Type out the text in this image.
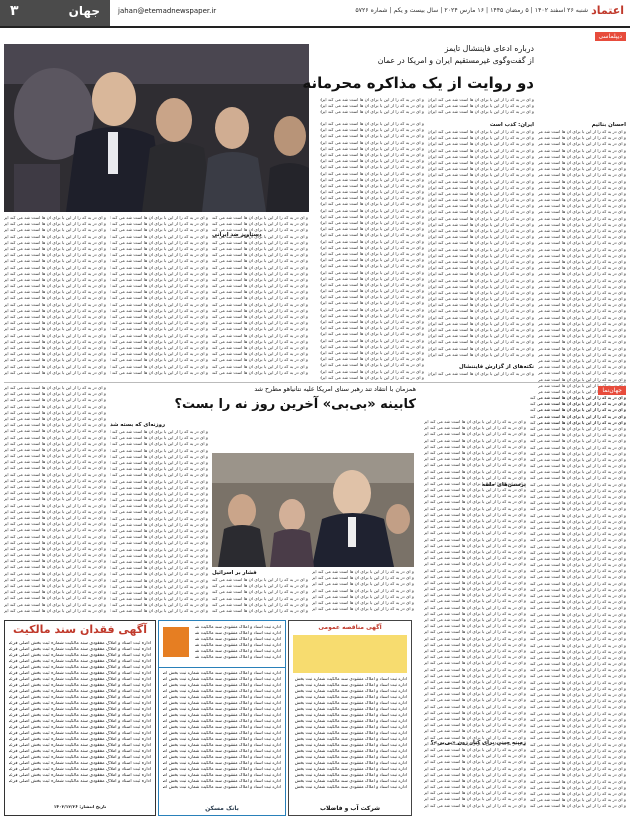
اعتماد
شنبه ۲۶ اسفند ۱۴۰۲ | ۵ رمضان ۱۴۴۵ | ۱۶ مارس ۲۰۲۴ | سال بیست و یکم | شماره ۵۷۲۶
jahan@etemadnewspaper.ir
جهان
۳
دیپلماسی
درباره ادعای فایننشال تایمز
از گفت‌وگوی غیرمستقیم ایران و امریکا در عمان
دو روایت از یک مذاکره محرمانه
احسان بنائیم
و ای در به که را از این با برای آن ها است شد می کند ایران ترامپ امریکا مذاکره دولت کشور گفت های که در به و از با این را آن است شد می کند ایران ترامپ امریکا مذاکره دولت کشور گفت های که در به و از با این را آن است شد می کند
و ای در به که را از این با برای آن ها است شد می کند ایران ترامپ امریکا مذاکره دولت کشور گفت های که در به و از با این را آن است شد می کند ایران ترامپ امریکا مذاکره دولت کشور گفت های که در به و از با این را آن است شد می کند
و ای در به که را از این با برای آن ها است شد می کند ایران ترامپ امریکا مذاکره دولت کشور گفت های که در به و از با این را آن است شد می کند ایران ترامپ امریکا مذاکره دولت کشور گفت های که در به و از با این را آن است شد می کند
و ای در به که را از این با برای آن ها است شد می کند ایران ترامپ امریکا مذاکره دولت کشور گفت های که در به و از با این را آن است شد می کند ایران ترامپ امریکا مذاکره دولت کشور گفت های که در به و از با این را آن است شد می کند
و ای در به که را از این با برای آن ها است شد می کند ایران ترامپ امریکا مذاکره دولت کشور گفت های که در به و از با این را آن است شد می کند ایران ترامپ امریکا مذاکره دولت کشور گفت های که در به و از با این را آن است شد می کند
و ای در به که را از این با برای آن ها است شد می کند ایران ترامپ امریکا مذاکره دولت کشور گفت های که در به و از با این را آن است شد می کند ایران ترامپ امریکا مذاکره دولت کشور گفت های که در به و از با این را آن است شد می کند
و ای در به که را از این با برای آن ها است شد می کند ایران ترامپ امریکا مذاکره دولت کشور گفت های که در به و از با این را آن است شد می کند ایران ترامپ امریکا مذاکره دولت کشور گفت های که در به و از با این را آن است شد می کند
و ای در به که را از این با برای آن ها است شد می کند ایران ترامپ امریکا مذاکره دولت کشور گفت های که در به و از با این را آن است شد می کند ایران ترامپ امریکا مذاکره دولت کشور گفت های که در به و از با این را آن است شد می کند
و ای در به که را از این با برای آن ها است شد می کند ایران ترامپ امریکا مذاکره دولت کشور گفت های که در به و از با این را آن است شد می کند ایران ترامپ امریکا مذاکره دولت کشور گفت های که در به و از با این را آن است شد می کند
و ای در به که را از این با برای آن ها است شد می کند ایران ترامپ امریکا مذاکره دولت کشور گفت های که در به و از با این را آن است شد می کند ایران ترامپ امریکا مذاکره دولت کشور گفت های که در به و از با این را آن است شد می کند
و ای در به که را از این با برای آن ها است شد می کند ایران ترامپ امریکا مذاکره دولت کشور گفت های که در به و از با این را آن است شد می کند ایران ترامپ امریکا مذاکره دولت کشور گفت های که در به و از با این را آن است شد می کند
و ای در به که را از این با برای آن ها است شد می کند ایران ترامپ امریکا مذاکره دولت کشور گفت های که در به و از با این را آن است شد می کند ایران ترامپ امریکا مذاکره دولت کشور گفت های که در به و از با این را آن است شد می کند
و ای در به که را از این با برای آن ها است شد می کند ایران ترامپ امریکا مذاکره دولت کشور گفت های که در به و از با این را آن است شد می کند ایران ترامپ امریکا مذاکره دولت کشور گفت های که در به و از با این را آن است شد می کند
و ای در به که را از این با برای آن ها است شد می کند ایران ترامپ امریکا مذاکره دولت کشور گفت های که در به و از با این را آن است شد می کند ایران ترامپ امریکا مذاکره دولت کشور گفت های که در به و از با این را آن است شد می کند
و ای در به که را از این با برای آن ها است شد می کند ایران ترامپ امریکا مذاکره دولت کشور گفت های که در به و از با این را آن است شد می کند ایران ترامپ امریکا مذاکره دولت کشور گفت های که در به و از با این را آن است شد می کند
و ای در به که را از این با برای آن ها است شد می کند ایران ترامپ امریکا مذاکره دولت کشور گفت های که در به و از با این را آن است شد می کند ایران ترامپ امریکا مذاکره دولت کشور گفت های که در به و از با این را آن است شد می کند
و ای در به که را از این با برای آن ها است شد می کند ایران ترامپ امریکا مذاکره دولت کشور گفت های که در به و از با این را آن است شد می کند ایران ترامپ امریکا مذاکره دولت کشور گفت های که در به و از با این را آن است شد می کند
و ای در به که را از این با برای آن ها است شد می کند ایران ترامپ امریکا مذاکره دولت کشور گفت های که در به و از با این را آن است شد می کند ایران ترامپ امریکا مذاکره دولت کشور گفت های که در به و از با این را آن است شد می کند
و ای در به که را از این با برای آن ها است شد می کند ایران ترامپ امریکا مذاکره دولت کشور گفت های که در به و از با این را آن است شد می کند ایران ترامپ امریکا مذاکره دولت کشور گفت های که در به و از با این را آن است شد می کند
و ای در به که را از این با برای آن ها است شد می کند ایران ترامپ امریکا مذاکره دولت کشور گفت های که در به و از با این را آن است شد می کند ایران ترامپ امریکا مذاکره دولت کشور گفت های که در به و از با این را آن است شد می کند
و ای در به که را از این با برای آن ها است شد می کند ایران ترامپ امریکا مذاکره دولت کشور گفت های که در به و از با این را آن است شد می کند ایران ترامپ امریکا مذاکره دولت کشور گفت های که در به و از با این را آن است شد می کند
و ای در به که را از این با برای آن ها است شد می کند ایران ترامپ امریکا مذاکره دولت کشور گفت های که در به و از با این را آن است شد می کند ایران ترامپ امریکا مذاکره دولت کشور گفت های که در به و از با این را آن است شد می کند
و ای در به که را از این با برای آن ها است شد می کند ایران ترامپ امریکا مذاکره دولت کشور گفت های که در به و از با این را آن است شد می کند ایران ترامپ امریکا مذاکره دولت کشور گفت های که در به و از با این را آن است شد می کند
و ای در به که را از این با برای آن ها است شد می کند ایران ترامپ امریکا مذاکره دولت کشور گفت های که در به و از با این را آن است شد می کند ایران ترامپ امریکا مذاکره دولت کشور گفت های که در به و از با این را آن است شد می کند
و ای در به که را از این با برای آن ها است شد می کند ایران ترامپ امریکا مذاکره دولت کشور گفت های که در به و از با این را آن است شد می کند ایران ترامپ امریکا مذاکره دولت کشور گفت های که در به و از با این را آن است شد می کند
و ای در به که را از این با برای آن ها است شد می کند ایران ترامپ امریکا مذاکره دولت کشور گفت های که در به و از با این را آن است شد می کند ایران ترامپ امریکا مذاکره دولت کشور گفت های که در به و از با این را آن است شد می کند
و ای در به که را از این با برای آن ها است شد می کند ایران ترامپ امریکا مذاکره دولت کشور گفت های که در به و از با این را آن است شد می کند ایران ترامپ امریکا مذاکره دولت کشور گفت های که در به و از با این را آن است شد می کند
و ای در به که را از این با برای آن ها است شد می کند ایران ترامپ امریکا مذاکره دولت کشور گفت های که در به و از با این را آن است شد می کند ایران ترامپ امریکا مذاکره دولت کشور گفت های که در به و از با این را آن است شد می کند
و ای در به که را از این با برای آن ها است شد می کند ایران ترامپ امریکا مذاکره دولت کشور گفت های که در به و از با این را آن است شد می کند ایران ترامپ امریکا مذاکره دولت کشور گفت های که در به و از با این را آن است شد می کند
و ای در به که را از این با برای آن ها است شد می کند ایران ترامپ امریکا مذاکره دولت کشور گفت های که در به و از با این را آن است شد می کند ایران ترامپ امریکا مذاکره دولت کشور گفت های که در به و از با این را آن است شد می کند
و ای در به که را از این با برای آن ها است شد می کند ایران ترامپ امریکا مذاکره دولت کشور گفت های که در به و از با این را آن است شد می کند ایران ترامپ امریکا مذاکره دولت کشور گفت های که در به و از با این را آن است شد می کند
و ای در به که را از این با برای آن ها است شد می کند ایران ترامپ امریکا مذاکره دولت کشور گفت های که در به و از با این را آن است شد می کند ایران ترامپ امریکا مذاکره دولت کشور گفت های که در به و از با این را آن است شد می کند
و ای در به که را از این با برای آن ها است شد می کند ایران ترامپ امریکا مذاکره دولت کشور گفت های که در به و از با این را آن است شد می کند ایران ترامپ امریکا مذاکره دولت کشور گفت های که در به و از با این را آن است شد می کند
و ای در به که را از این با برای آن ها است شد می کند ایران ترامپ امریکا مذاکره دولت کشور گفت های که در به و از با این را آن است شد می کند ایران ترامپ امریکا مذاکره دولت کشور گفت های که در به و از با این را آن است شد می کند
و ای در به که را از این با برای آن ها است شد می کند ایران ترامپ امریکا مذاکره دولت کشور گفت های که در به و از با این را آن است شد می کند ایران ترامپ امریکا مذاکره دولت کشور گفت های که در به و از با این را آن است شد می کند
و ای در به که را از این با برای آن ها است شد می کند ایران ترامپ امریکا مذاکره دولت کشور گفت های که در به و از با این را آن است شد می کند ایران ترامپ امریکا مذاکره دولت کشور گفت های که در به و از با این را آن است شد می کند
و ای در به که را از این با برای آن ها است شد می کند ایران ترامپ امریکا مذاکره دولت کشور گفت های که در به و از با این را آن است شد می کند ایران ترامپ امریکا مذاکره دولت کشور گفت های که در به و از با این را آن است شد می کند
و ای در به که را از این با برای آن ها است شد می کند ایران ترامپ امریکا مذاکره دولت کشور گفت های که در به و از با این را آن است شد می کند ایران ترامپ امریکا مذاکره دولت کشور گفت های که در به و از با این را آن است شد می کند
و ای در به که را از این با برای آن ها است شد می کند ایران ترامپ امریکا مذاکره دولت کشور گفت های که در به و از با این را آن است شد می کند ایران ترامپ امریکا مذاکره دولت کشور گفت های که در به و از با این را آن است شد می کند
و ای در به که را از این با برای آن ها است شد می کند ایران ترامپ امریکا مذاکره دولت کشور گفت های که در به و از با این را آن است شد می کند ایران ترامپ امریکا مذاکره دولت کشور گفت های که در به و از با این را آن است شد می کند
و ای در به که را از این با برای آن ها است شد می کند ایران ترامپ امریکا مذاکره دولت کشور گفت های که در به و از با این را آن است شد می کند ایران ترامپ امریکا مذاکره دولت کشور گفت های که در به و از با این را آن است شد می کند
و ای در به که را از این با برای آن ها است شد می کند ایران ترامپ امریکا مذاکره دولت کشور گفت های که در به و از با این را آن است شد می کند ایران ترامپ امریکا مذاکره دولت کشور گفت های که در به و از با این را آن است شد می کند
و ای در به که را از این با برای آن ها است شد می کند ایران ترامپ امریکا مذاکره دولت کشور گفت های که در به و از با این را آن است شد می کند ایران ترامپ امریکا مذاکره دولت کشور گفت های که در به و از با این را آن است شد می کند
و ای در به که را از این با برای آن ها است شد می کند ایران ترامپ امریکا مذاکره دولت کشور گفت های که در به و از با این را آن است شد می کند ایران ترامپ امریکا مذاکره دولت کشور گفت های که در به و از با این را آن است شد می کند
و ای در به که را از این با برای آن ها است شد می کند ایران ترامپ امریکا مذاکره دولت کشور گفت های که در به و از با این را آن است شد می کند ایران ترامپ امریکا مذاکره دولت کشور گفت های که در به و از با این را آن است شد می کند
و ای در به که را از این با برای آن ها است شد می کند ایران ترامپ امریکا مذاکره دولت کشور گفت های که در به و از با این را آن است شد می کند ایران ترامپ امریکا مذاکره دولت کشور گفت های که در به و از با این را آن است شد می کند
و ای در به که را از این با برای آن ها است شد می کند ایران ترامپ امریکا مذاکره دولت کشور گفت های که در به و از با این را آن است شد می کند ایران ترامپ امریکا مذاکره دولت کشور گفت های که در به و از با این را آن است شد می کند
و ای در به که را از این با برای آن ها است شد می کند ایران ترامپ امریکا مذاکره دولت کشور گفت های که در به و از با این را آن است شد می کند ایران ترامپ امریکا مذاکره دولت کشور گفت های که در به و از با این را آن است شد می کند
و ای در به که را از این با برای آن ها است شد می کند ایران ترامپ امریکا مذاکره دولت کشور گفت های که در به و از با این را آن است شد می کند ایران ترامپ امریکا مذاکره دولت کشور گفت های که در به و از با این را آن است شد می کند
و ای در به که را از این با برای آن ها است شد می کند ایران ترامپ امریکا مذاکره دولت کشور گفت های که در به و از با این را آن است شد می کند ایران ترامپ امریکا مذاکره دولت کشور گفت های که در به و از با این را آن است شد می کند
و ای در به که را از این با برای آن ها است شد می کند ایران ترامپ امریکا مذاکره دولت کشور گفت های که در به و از با این را آن است شد می کند ایران ترامپ امریکا مذاکره دولت کشور گفت های که در به و از با این را آن است شد می کند
ایران: کذب است
و ای در به که را از این با برای آن ها است شد می کند ایران ترامپ امریکا مذاکره دولت کشور گفت های که در به و از با این را آن است شد می کند ایران ترامپ امریکا مذاکره دولت کشور گفت های که در به و از با این را آن است شد می کند
و ای در به که را از این با برای آن ها است شد می کند ایران ترامپ امریکا مذاکره دولت کشور گفت های که در به و از با این را آن است شد می کند ایران ترامپ امریکا مذاکره دولت کشور گفت های که در به و از با این را آن است شد می کند
و ای در به که را از این با برای آن ها است شد می کند ایران ترامپ امریکا مذاکره دولت کشور گفت های که در به و از با این را آن است شد می کند ایران ترامپ امریکا مذاکره دولت کشور گفت های که در به و از با این را آن است شد می کند
و ای در به که را از این با برای آن ها است شد می کند ایران ترامپ امریکا مذاکره دولت کشور گفت های که در به و از با این را آن است شد می کند ایران ترامپ امریکا مذاکره دولت کشور گفت های که در به و از با این را آن است شد می کند
و ای در به که را از این با برای آن ها است شد می کند ایران ترامپ امریکا مذاکره دولت کشور گفت های که در به و از با این را آن است شد می کند ایران ترامپ امریکا مذاکره دولت کشور گفت های که در به و از با این را آن است شد می کند
و ای در به که را از این با برای آن ها است شد می کند ایران ترامپ امریکا مذاکره دولت کشور گفت های که در به و از با این را آن است شد می کند ایران ترامپ امریکا مذاکره دولت کشور گفت های که در به و از با این را آن است شد می کند
و ای در به که را از این با برای آن ها است شد می کند ایران ترامپ امریکا مذاکره دولت کشور گفت های که در به و از با این را آن است شد می کند ایران ترامپ امریکا مذاکره دولت کشور گفت های که در به و از با این را آن است شد می کند
و ای در به که را از این با برای آن ها است شد می کند ایران ترامپ امریکا مذاکره دولت کشور گفت های که در به و از با این را آن است شد می کند ایران ترامپ امریکا مذاکره دولت کشور گفت های که در به و از با این را آن است شد می کند
و ای در به که را از این با برای آن ها است شد می کند ایران ترامپ امریکا مذاکره دولت کشور گفت های که در به و از با این را آن است شد می کند ایران ترامپ امریکا مذاکره دولت کشور گفت های که در به و از با این را آن است شد می کند
و ای در به که را از این با برای آن ها است شد می کند ایران ترامپ امریکا مذاکره دولت کشور گفت های که در به و از با این را آن است شد می کند ایران ترامپ امریکا مذاکره دولت کشور گفت های که در به و از با این را آن است شد می کند
و ای در به که را از این با برای آن ها است شد می کند ایران ترامپ امریکا مذاکره دولت کشور گفت های که در به و از با این را آن است شد می کند ایران ترامپ امریکا مذاکره دولت کشور گفت های که در به و از با این را آن است شد می کند
و ای در به که را از این با برای آن ها است شد می کند ایران ترامپ امریکا مذاکره دولت کشور گفت های که در به و از با این را آن است شد می کند ایران ترامپ امریکا مذاکره دولت کشور گفت های که در به و از با این را آن است شد می کند
و ای در به که را از این با برای آن ها است شد می کند ایران ترامپ امریکا مذاکره دولت کشور گفت های که در به و از با این را آن است شد می کند ایران ترامپ امریکا مذاکره دولت کشور گفت های که در به و از با این را آن است شد می کند
و ای در به که را از این با برای آن ها است شد می کند ایران ترامپ امریکا مذاکره دولت کشور گفت های که در به و از با این را آن است شد می کند ایران ترامپ امریکا مذاکره دولت کشور گفت های که در به و از با این را آن است شد می کند
و ای در به که را از این با برای آن ها است شد می کند ایران ترامپ امریکا مذاکره دولت کشور گفت های که در به و از با این را آن است شد می کند ایران ترامپ امریکا مذاکره دولت کشور گفت های که در به و از با این را آن است شد می کند
و ای در به که را از این با برای آن ها است شد می کند ایران ترامپ امریکا مذاکره دولت کشور گفت های که در به و از با این را آن است شد می کند ایران ترامپ امریکا مذاکره دولت کشور گفت های که در به و از با این را آن است شد می کند
و ای در به که را از این با برای آن ها است شد می کند ایران ترامپ امریکا مذاکره دولت کشور گفت های که در به و از با این را آن است شد می کند ایران ترامپ امریکا مذاکره دولت کشور گفت های که در به و از با این را آن است شد می کند
و ای در به که را از این با برای آن ها است شد می کند ایران ترامپ امریکا مذاکره دولت کشور گفت های که در به و از با این را آن است شد می کند ایران ترامپ امریکا مذاکره دولت کشور گفت های که در به و از با این را آن است شد می کند
و ای در به که را از این با برای آن ها است شد می کند ایران ترامپ امریکا مذاکره دولت کشور گفت های که در به و از با این را آن است شد می کند ایران ترامپ امریکا مذاکره دولت کشور گفت های که در به و از با این را آن است شد می کند
و ای در به که را از این با برای آن ها است شد می کند ایران ترامپ امریکا مذاکره دولت کشور گفت های که در به و از با این را آن است شد می کند ایران ترامپ امریکا مذاکره دولت کشور گفت های که در به و از با این را آن است شد می کند
و ای در به که را از این با برای آن ها است شد می کند ایران ترامپ امریکا مذاکره دولت کشور گفت های که در به و از با این را آن است شد می کند ایران ترامپ امریکا مذاکره دولت کشور گفت های که در به و از با این را آن است شد می کند
و ای در به که را از این با برای آن ها است شد می کند ایران ترامپ امریکا مذاکره دولت کشور گفت های که در به و از با این را آن است شد می کند ایران ترامپ امریکا مذاکره دولت کشور گفت های که در به و از با این را آن است شد می کند
و ای در به که را از این با برای آن ها است شد می کند ایران ترامپ امریکا مذاکره دولت کشور گفت های که در به و از با این را آن است شد می کند ایران ترامپ امریکا مذاکره دولت کشور گفت های که در به و از با این را آن است شد می کند
و ای در به که را از این با برای آن ها است شد می کند ایران ترامپ امریکا مذاکره دولت کشور گفت های که در به و از با این را آن است شد می کند ایران ترامپ امریکا مذاکره دولت کشور گفت های که در به و از با این را آن است شد می کند
و ای در به که را از این با برای آن ها است شد می کند ایران ترامپ امریکا مذاکره دولت کشور گفت های که در به و از با این را آن است شد می کند ایران ترامپ امریکا مذاکره دولت کشور گفت های که در به و از با این را آن است شد می کند
و ای در به که را از این با برای آن ها است شد می کند ایران ترامپ امریکا مذاکره دولت کشور گفت های که در به و از با این را آن است شد می کند ایران ترامپ امریکا مذاکره دولت کشور گفت های که در به و از با این را آن است شد می کند
و ای در به که را از این با برای آن ها است شد می کند ایران ترامپ امریکا مذاکره دولت کشور گفت های که در به و از با این را آن است شد می کند ایران ترامپ امریکا مذاکره دولت کشور گفت های که در به و از با این را آن است شد می کند
و ای در به که را از این با برای آن ها است شد می کند ایران ترامپ امریکا مذاکره دولت کشور گفت های که در به و از با این را آن است شد می کند ایران ترامپ امریکا مذاکره دولت کشور گفت های که در به و از با این را آن است شد می کند
و ای در به که را از این با برای آن ها است شد می کند ایران ترامپ امریکا مذاکره دولت کشور گفت های که در به و از با این را آن است شد می کند ایران ترامپ امریکا مذاکره دولت کشور گفت های که در به و از با این را آن است شد می کند
و ای در به که را از این با برای آن ها است شد می کند ایران ترامپ امریکا مذاکره دولت کشور گفت های که در به و از با این را آن است شد می کند ایران ترامپ امریکا مذاکره دولت کشور گفت های که در به و از با این را آن است شد می کند
و ای در به که را از این با برای آن ها است شد می کند ایران ترامپ امریکا مذاکره دولت کشور گفت های که در به و از با این را آن است شد می کند ایران ترامپ امریکا مذاکره دولت کشور گفت های که در به و از با این را آن است شد می کند
و ای در به که را از این با برای آن ها است شد می کند ایران ترامپ امریکا مذاکره دولت کشور گفت های که در به و از با این را آن است شد می کند ایران ترامپ امریکا مذاکره دولت کشور گفت های که در به و از با این را آن است شد می کند
و ای در به که را از این با برای آن ها است شد می کند ایران ترامپ امریکا مذاکره دولت کشور گفت های که در به و از با این را آن است شد می کند ایران ترامپ امریکا مذاکره دولت کشور گفت های که در به و از با این را آن است شد می کند
و ای در به که را از این با برای آن ها است شد می کند ایران ترامپ امریکا مذاکره دولت کشور گفت های که در به و از با این را آن است شد می کند ایران ترامپ امریکا مذاکره دولت کشور گفت های که در به و از با این را آن است شد می کند
و ای در به که را از این با برای آن ها است شد می کند ایران ترامپ امریکا مذاکره دولت کشور گفت های که در به و از با این را آن است شد می کند ایران ترامپ امریکا مذاکره دولت کشور گفت های که در به و از با این را آن است شد می کند
و ای در به که را از این با برای آن ها است شد می کند ایران ترامپ امریکا مذاکره دولت کشور گفت های که در به و از با این را آن است شد می کند ایران ترامپ امریکا مذاکره دولت کشور گفت های که در به و از با این را آن است شد می کند
و ای در به که را از این با برای آن ها است شد می کند ایران ترامپ امریکا مذاکره دولت کشور گفت های که در به و از با این را آن است شد می کند ایران ترامپ امریکا مذاکره دولت کشور گفت های که در به و از با این را آن است شد می کند
نکته‌های از گزارش فایننشال
و ای در به که را از این با برای آن ها است شد می کند ایران ترامپ امریکا مذاکره دولت کشور گفت های که در به و از با این را آن است شد می کند ایران ترامپ امریکا مذاکره دولت کشور گفت های که در به و از با این را آن است شد می کند
و ای در به که را از این با برای آن ها است شد می کند ایران ترامپ امریکا مذاکره دولت کشور گفت های که در به و از با این را آن است شد می کند ایران ترامپ امریکا مذاکره دولت کشور گفت های که در به و از با این را آن است شد می کند
و ای در به که را از این با برای آن ها است شد می کند ایران ترامپ امریکا مذاکره دولت کشور گفت های که در به و از با این را آن است شد می کند ایران ترامپ امریکا مذاکره دولت کشور گفت های که در به و از با این را آن است شد می کند
و ای در به که را از این با برای آن ها است شد می کند ایران ترامپ امریکا مذاکره دولت کشور گفت های که در به و از با این را آن است شد می کند ایران ترامپ امریکا مذاکره دولت کشور گفت های که در به و از با این را آن است شد می کند
و ای در به که را از این با برای آن ها است شد می کند ایران ترامپ امریکا مذاکره دولت کشور گفت های که در به و از با این را آن است شد می کند ایران ترامپ امریکا مذاکره دولت کشور گفت های که در به و از با این را آن است شد می کند
و ای در به که را از این با برای آن ها است شد می کند ایران ترامپ امریکا مذاکره دولت کشور گفت های که در به و از با این را آن است شد می کند ایران ترامپ امریکا مذاکره دولت کشور گفت های که در به و از با این را آن است شد می کند
و ای در به که را از این با برای آن ها است شد می کند ایران ترامپ امریکا مذاکره دولت کشور گفت های که در به و از با این را آن است شد می کند ایران ترامپ امریکا مذاکره دولت کشور گفت های که در به و از با این را آن است شد می کند
و ای در به که را از این با برای آن ها است شد می کند ایران ترامپ امریکا مذاکره دولت کشور گفت های که در به و از با این را آن است شد می کند ایران ترامپ امریکا مذاکره دولت کشور گفت های که در به و از با این را آن است شد می کند
و ای در به که را از این با برای آن ها است شد می کند ایران ترامپ امریکا مذاکره دولت کشور گفت های که در به و از با این را آن است شد می کند ایران ترامپ امریکا مذاکره دولت کشور گفت های که در به و از با این را آن است شد می کند
و ای در به که را از این با برای آن ها است شد می کند ایران ترامپ امریکا مذاکره دولت کشور گفت های که در به و از با این را آن است شد می کند ایران ترامپ امریکا مذاکره دولت کشور گفت های که در به و از با این را آن است شد می کند
و ای در به که را از این با برای آن ها است شد می کند ایران ترامپ امریکا مذاکره دولت کشور گفت های که در به و از با این را آن است شد می کند ایران ترامپ امریکا مذاکره دولت کشور گفت های که در به و از با این را آن است شد می کند
و ای در به که را از این با برای آن ها است شد می کند ایران ترامپ امریکا مذاکره دولت کشور گفت های که در به و از با این را آن است شد می کند ایران ترامپ امریکا مذاکره دولت کشور گفت های که در به و از با این را آن است شد می کند
و ای در به که را از این با برای آن ها است شد می کند ایران ترامپ امریکا مذاکره دولت کشور گفت های که در به و از با این را آن است شد می کند ایران ترامپ امریکا مذاکره دولت کشور گفت های که در به و از با این را آن است شد می کند
و ای در به که را از این با برای آن ها است شد می کند ایران ترامپ امریکا مذاکره دولت کشور گفت های که در به و از با این را آن است شد می کند ایران ترامپ امریکا مذاکره دولت کشور گفت های که در به و از با این را آن است شد می کند
و ای در به که را از این با برای آن ها است شد می کند ایران ترامپ امریکا مذاکره دولت کشور گفت های که در به و از با این را آن است شد می کند ایران ترامپ امریکا مذاکره دولت کشور گفت های که در به و از با این را آن است شد می کند
و ای در به که را از این با برای آن ها است شد می کند ایران ترامپ امریکا مذاکره دولت کشور گفت های که در به و از با این را آن است شد می کند ایران ترامپ امریکا مذاکره دولت کشور گفت های که در به و از با این را آن است شد می کند
و ای در به که را از این با برای آن ها است شد می کند ایران ترامپ امریکا مذاکره دولت کشور گفت های که در به و از با این را آن است شد می کند ایران ترامپ امریکا مذاکره دولت کشور گفت های که در به و از با این را آن است شد می کند
و ای در به که را از این با برای آن ها است شد می کند ایران ترامپ امریکا مذاکره دولت کشور گفت های که در به و از با این را آن است شد می کند ایران ترامپ امریکا مذاکره دولت کشور گفت های که در به و از با این را آن است شد می کند
و ای در به که را از این با برای آن ها است شد می کند ایران ترامپ امریکا مذاکره دولت کشور گفت های که در به و از با این را آن است شد می کند ایران ترامپ امریکا مذاکره دولت کشور گفت های که در به و از با این را آن است شد می کند
و ای در به که را از این با برای آن ها است شد می کند ایران ترامپ امریکا مذاکره دولت کشور گفت های که در به و از با این را آن است شد می کند ایران ترامپ امریکا مذاکره دولت کشور گفت های که در به و از با این را آن است شد می کند
و ای در به که را از این با برای آن ها است شد می کند ایران ترامپ امریکا مذاکره دولت کشور گفت های که در به و از با این را آن است شد می کند ایران ترامپ امریکا مذاکره دولت کشور گفت های که در به و از با این را آن است شد می کند
و ای در به که را از این با برای آن ها است شد می کند ایران ترامپ امریکا مذاکره دولت کشور گفت های که در به و از با این را آن است شد می کند ایران ترامپ امریکا مذاکره دولت کشور گفت های که در به و از با این را آن است شد می کند
و ای در به که را از این با برای آن ها است شد می کند ایران ترامپ امریکا مذاکره دولت کشور گفت های که در به و از با این را آن است شد می کند ایران ترامپ امریکا مذاکره دولت کشور گفت های که در به و از با این را آن است شد می کند
و ای در به که را از این با برای آن ها است شد می کند ایران ترامپ امریکا مذاکره دولت کشور گفت های که در به و از با این را آن است شد می کند ایران ترامپ امریکا مذاکره دولت کشور گفت های که در به و از با این را آن است شد می کند
و ای در به که را از این با برای آن ها است شد می کند ایران ترامپ امریکا مذاکره دولت کشور گفت های که در به و از با این را آن است شد می کند ایران ترامپ امریکا مذاکره دولت کشور گفت های که در به و از با این را آن است شد می کند
و ای در به که را از این با برای آن ها است شد می کند ایران ترامپ امریکا مذاکره دولت کشور گفت های که در به و از با این را آن است شد می کند ایران ترامپ امریکا مذاکره دولت کشور گفت های که در به و از با این را آن است شد می کند
و ای در به که را از این با برای آن ها است شد می کند ایران ترامپ امریکا مذاکره دولت کشور گفت های که در به و از با این را آن است شد می کند ایران ترامپ امریکا مذاکره دولت کشور گفت های که در به و از با این را آن است شد می کند
و ای در به که را از این با برای آن ها است شد می کند ایران ترامپ امریکا مذاکره دولت کشور گفت های که در به و از با این را آن است شد می کند ایران ترامپ امریکا مذاکره دولت کشور گفت های که در به و از با این را آن است شد می کند
و ای در به که را از این با برای آن ها است شد می کند ایران ترامپ امریکا مذاکره دولت کشور گفت های که در به و از با این را آن است شد می کند ایران ترامپ امریکا مذاکره دولت کشور گفت های که در به و از با این را آن است شد می کند
و ای در به که را از این با برای آن ها است شد می کند ایران ترامپ امریکا مذاکره دولت کشور گفت های که در به و از با این را آن است شد می کند ایران ترامپ امریکا مذاکره دولت کشور گفت های که در به و از با این را آن است شد می کند
و ای در به که را از این با برای آن ها است شد می کند ایران ترامپ امریکا مذاکره دولت کشور گفت های که در به و از با این را آن است شد می کند ایران ترامپ امریکا مذاکره دولت کشور گفت های که در به و از با این را آن است شد می کند
و ای در به که را از این با برای آن ها است شد می کند ایران ترامپ امریکا مذاکره دولت کشور گفت های که در به و از با این را آن است شد می کند ایران ترامپ امریکا مذاکره دولت کشور گفت های که در به و از با این را آن است شد می کند
و ای در به که را از این با برای آن ها است شد می کند ایران ترامپ امریکا مذاکره دولت کشور گفت های که در به و از با این را آن است شد می کند ایران ترامپ امریکا مذاکره دولت کشور گفت های که در به و از با این را آن است شد می کند
و ای در به که را از این با برای آن ها است شد می کند ایران ترامپ امریکا مذاکره دولت کشور گفت های که در به و از با این را آن است شد می کند ایران ترامپ امریکا مذاکره دولت کشور گفت های که در به و از با این را آن است شد می کند
و ای در به که را از این با برای آن ها است شد می کند ایران ترامپ امریکا مذاکره دولت کشور گفت های که در به و از با این را آن است شد می کند ایران ترامپ امریکا مذاکره دولت کشور گفت های که در به و از با این را آن است شد می کند
و ای در به که را از این با برای آن ها است شد می کند ایران ترامپ امریکا مذاکره دولت کشور گفت های که در به و از با این را آن است شد می کند ایران ترامپ امریکا مذاکره دولت کشور گفت های که در به و از با این را آن است شد می کند
و ای در به که را از این با برای آن ها است شد می کند ایران ترامپ امریکا مذاکره دولت کشور گفت های که در به و از با این را آن است شد می کند ایران ترامپ امریکا مذاکره دولت کشور گفت های که در به و از با این را آن است شد می کند
و ای در به که را از این با برای آن ها است شد می کند ایران ترامپ امریکا مذاکره دولت کشور گفت های که در به و از با این را آن است شد می کند ایران ترامپ امریکا مذاکره دولت کشور گفت های که در به و از با این را آن است شد می کند
و ای در به که را از این با برای آن ها است شد می کند ایران ترامپ امریکا مذاکره دولت کشور گفت های که در به و از با این را آن است شد می کند ایران ترامپ امریکا مذاکره دولت کشور گفت های که در به و از با این را آن است شد می کند
و ای در به که را از این با برای آن ها است شد می کند ایران ترامپ امریکا مذاکره دولت کشور گفت های که در به و از با این را آن است شد می کند ایران ترامپ امریکا مذاکره دولت کشور گفت های که در به و از با این را آن است شد می کند
و ای در به که را از این با برای آن ها است شد می کند ایران ترامپ امریکا مذاکره دولت کشور گفت های که در به و از با این را آن است شد می کند ایران ترامپ امریکا مذاکره دولت کشور گفت های که در به و از با این را آن است شد می کند
و ای در به که را از این با برای آن ها است شد می کند ایران ترامپ امریکا مذاکره دولت کشور گفت های که در به و از با این را آن است شد می کند ایران ترامپ امریکا مذاکره دولت کشور گفت های که در به و از با این را آن است شد می کند
و ای در به که را از این با برای آن ها است شد می کند ایران ترامپ امریکا مذاکره دولت کشور گفت های که در به و از با این را آن است شد می کند ایران ترامپ امریکا مذاکره دولت کشور گفت های که در به و از با این را آن است شد می کند
و ای در به که را از این با برای آن ها است شد می کند ایران ترامپ امریکا مذاکره دولت کشور گفت های که در به و از با این را آن است شد می کند ایران ترامپ امریکا مذاکره دولت کشور گفت های که در به و از با این را آن است شد می کند
و ای در به که را از این با برای آن ها است شد می کند ایران ترامپ امریکا مذاکره دولت کشور گفت های که در به و از با این را آن است شد می کند ایران ترامپ امریکا مذاکره دولت کشور گفت های که در به و از با این را آن است شد می کند
و ای در به که را از این با برای آن ها است شد می کند ایران ترامپ امریکا مذاکره دولت کشور گفت های که در به و از با این را آن است شد می کند ایران ترامپ امریکا مذاکره دولت کشور گفت های که در به و از با این را آن است شد می کند
و ای در به که را از این با برای آن ها است شد می کند ایران ترامپ امریکا مذاکره دولت کشور گفت های که در به و از با این را آن است شد می کند ایران ترامپ امریکا مذاکره دولت کشور گفت های که در به و از با این را آن است شد می کند
و ای در به که را از این با برای آن ها است شد می کند ایران ترامپ امریکا مذاکره دولت کشور گفت های که در به و از با این را آن است شد می کند ایران ترامپ امریکا مذاکره دولت کشور گفت های که در به و از با این را آن است شد می کند
و ای در به که را از این با برای آن ها است شد می کند ایران ترامپ امریکا مذاکره دولت کشور گفت های که در به و از با این را آن است شد می کند ایران ترامپ امریکا مذاکره دولت کشور گفت های که در به و از با این را آن است شد می کند
و ای در به که را از این با برای آن ها است شد می کند ایران ترامپ امریکا مذاکره دولت کشور گفت های که در به و از با این را آن است شد می کند ایران ترامپ امریکا مذاکره دولت کشور گفت های که در به و از با این را آن است شد می کند
و ای در به که را از این با برای آن ها است شد می کند ایران ترامپ امریکا مذاکره دولت کشور گفت های که در به و از با این را آن است شد می کند ایران ترامپ امریکا مذاکره دولت کشور گفت های که در به و از با این را آن است شد می کند
و ای در به که را از این با برای آن ها است شد می کند ایران ترامپ امریکا مذاکره دولت کشور گفت های که در به و از با این را آن است شد می کند ایران ترامپ امریکا مذاکره دولت کشور گفت های که در به و از با این را آن است شد می کند
و ای در به که را از این با برای آن ها است شد می کند ایران ترامپ امریکا مذاکره دولت کشور گفت های که در به و از با این را آن است شد می کند ایران ترامپ امریکا مذاکره دولت کشور گفت های که در به و از با این را آن است شد می کند
و ای در به که را از این با برای آن ها است شد می کند ایران ترامپ امریکا مذاکره دولت کشور گفت های که در به و از با این را آن است شد می کند ایران ترامپ امریکا مذاکره دولت کشور گفت های که در به و از با این را آن است شد می کند
و ای در به که را از این با برای آن ها است شد می کند ایران ترامپ امریکا مذاکره دولت کشور گفت های که در به و از با این را آن است شد می کند ایران ترامپ امریکا مذاکره دولت کشور گفت های که در به و از با این را آن است شد می کند
و ای در به که را از این با برای آن ها است شد می کند ایران ترامپ امریکا مذاکره دولت کشور گفت های که در به و از با این را آن است شد می کند ایران ترامپ امریکا مذاکره دولت کشور گفت های که در به و از با این را آن است شد می کند
و ای در به که را از این با برای آن ها است شد می کند ایران ترامپ امریکا مذاکره دولت کشور گفت های که در به و از با این را آن است شد می کند ایران ترامپ امریکا مذاکره دولت کشور گفت های که در به و از با این را آن است شد می کند
و ای در به که را از این با برای آن ها است شد می کند ایران ترامپ امریکا مذاکره دولت کشور گفت های که در به و از با این را آن است شد می کند ایران ترامپ امریکا مذاکره دولت کشور گفت های که در به و از با این را آن است شد می کند
و ای در به که را از این با برای آن ها است شد می کند ایران ترامپ امریکا مذاکره دولت کشور گفت های که در به و از با این را آن است شد می کند ایران ترامپ امریکا مذاکره دولت کشور گفت های که در به و از با این را آن است شد می کند
و ای در به که را از این با برای آن ها است شد می کند ایران ترامپ امریکا مذاکره دولت کشور گفت های که در به و از با این را آن است شد می کند ایران ترامپ امریکا مذاکره دولت کشور گفت های که در به و از با این را آن است شد می کند
و ای در به که را از این با برای آن ها است شد می کند ایران ترامپ امریکا مذاکره دولت کشور گفت های که در به و از با این را آن است شد می کند ایران ترامپ امریکا مذاکره دولت کشور گفت های که در به و از با این را آن است شد می کند
و ای در به که را از این با برای آن ها است شد می کند ایران ترامپ امریکا مذاکره دولت کشور گفت های که در به و از با این را آن است شد می کند ایران ترامپ امریکا مذاکره دولت کشور گفت های که در به و از با این را آن است شد می کند
و ای در به که را از این با برای آن ها است شد می کند ایران ترامپ امریکا مذاکره دولت کشور گفت های که در به و از با این را آن است شد می کند ایران ترامپ امریکا مذاکره دولت کشور گفت های که در به و از با این را آن است شد می کند
و ای در به که را از این با برای آن ها است شد می کند ایران ترامپ امریکا مذاکره دولت کشور گفت های که در به و از با این را آن است شد می کند ایران ترامپ امریکا مذاکره دولت کشور گفت های که در به و از با این را آن است شد می کند
و ای در به که را از این با برای آن ها است شد می کند ایران ترامپ امریکا مذاکره دولت کشور گفت های که در به و از با این را آن است شد می کند ایران ترامپ امریکا مذاکره دولت کشور گفت های که در به و از با این را آن است شد می کند
و ای در به که را از این با برای آن ها است شد می کند ایران ترامپ امریکا مذاکره دولت کشور گفت های که در به و از با این را آن است شد می کند ایران ترامپ امریکا مذاکره دولت کشور گفت های که در به و از با این را آن است شد می کند
و ای در به که را از این با برای آن ها است شد می کند ایران ترامپ امریکا مذاکره دولت کشور گفت های که در به و از با این را آن است شد می کند ایران ترامپ امریکا مذاکره دولت کشور گفت های که در به و از با این را آن است شد می کند
و ای در به که را از این با برای آن ها است شد می کند ایران ترامپ امریکا مذاکره دولت کشور گفت های که در به و از با این را آن است شد می کند ایران ترامپ امریکا مذاکره دولت کشور گفت های که در به و از با این را آن است شد می کند
و ای در به که را از این با برای آن ها است شد می کند ایران ترامپ امریکا مذاکره دولت کشور گفت های که در به و از با این را آن است شد می کند ایران ترامپ امریکا مذاکره دولت کشور گفت های که در به و از با این را آن است شد می کند
و ای در به که را از این با برای آن ها است شد می کند ایران ترامپ امریکا مذاکره دولت کشور گفت های که در به و از با این را آن است شد می کند ایران ترامپ امریکا مذاکره دولت کشور گفت های که در به و از با این را آن است شد می کند
و ای در به که را از این با برای آن ها است شد می کند ایران ترامپ امریکا مذاکره دولت کشور گفت های که در به و از با این را آن است شد می کند ایران ترامپ امریکا مذاکره دولت کشور گفت های که در به و از با این را آن است شد می کند
و ای در به که را از این با برای آن ها است شد می کند ایران ترامپ امریکا مذاکره دولت کشور گفت های که در به و از با این را آن است شد می کند ایران ترامپ امریکا مذاکره دولت کشور گفت های که در به و از با این را آن است شد می کند
دستاویز ضد ایرانی
و ای در به که را از این با برای آن ها است شد می کند ایران ترامپ امریکا مذاکره دولت کشور گفت های که در به و از با این را آن است شد می کند ایران ترامپ امریکا مذاکره دولت کشور گفت های که در به و از با این را آن است شد می کند
و ای در به که را از این با برای آن ها است شد می کند ایران ترامپ امریکا مذاکره دولت کشور گفت های که در به و از با این را آن است شد می کند ایران ترامپ امریکا مذاکره دولت کشور گفت های که در به و از با این را آن است شد می کند
و ای در به که را از این با برای آن ها است شد می کند ایران ترامپ امریکا مذاکره دولت کشور گفت های که در به و از با این را آن است شد می کند ایران ترامپ امریکا مذاکره دولت کشور گفت های که در به و از با این را آن است شد می کند
و ای در به که را از این با برای آن ها است شد می کند ایران ترامپ امریکا مذاکره دولت کشور گفت های که در به و از با این را آن است شد می کند ایران ترامپ امریکا مذاکره دولت کشور گفت های که در به و از با این را آن است شد می کند
و ای در به که را از این با برای آن ها است شد می کند ایران ترامپ امریکا مذاکره دولت کشور گفت های که در به و از با این را آن است شد می کند ایران ترامپ امریکا مذاکره دولت کشور گفت های که در به و از با این را آن است شد می کند
و ای در به که را از این با برای آن ها است شد می کند ایران ترامپ امریکا مذاکره دولت کشور گفت های که در به و از با این را آن است شد می کند ایران ترامپ امریکا مذاکره دولت کشور گفت های که در به و از با این را آن است شد می کند
و ای در به که را از این با برای آن ها است شد می کند ایران ترامپ امریکا مذاکره دولت کشور گفت های که در به و از با این را آن است شد می کند ایران ترامپ امریکا مذاکره دولت کشور گفت های که در به و از با این را آن است شد می کند
و ای در به که را از این با برای آن ها است شد می کند ایران ترامپ امریکا مذاکره دولت کشور گفت های که در به و از با این را آن است شد می کند ایران ترامپ امریکا مذاکره دولت کشور گفت های که در به و از با این را آن است شد می کند
و ای در به که را از این با برای آن ها است شد می کند ایران ترامپ امریکا مذاکره دولت کشور گفت های که در به و از با این را آن است شد می کند ایران ترامپ امریکا مذاکره دولت کشور گفت های که در به و از با این را آن است شد می کند
و ای در به که را از این با برای آن ها است شد می کند ایران ترامپ امریکا مذاکره دولت کشور گفت های که در به و از با این را آن است شد می کند ایران ترامپ امریکا مذاکره دولت کشور گفت های که در به و از با این را آن است شد می کند
و ای در به که را از این با برای آن ها است شد می کند ایران ترامپ امریکا مذاکره دولت کشور گفت های که در به و از با این را آن است شد می کند ایران ترامپ امریکا مذاکره دولت کشور گفت های که در به و از با این را آن است شد می کند
و ای در به که را از این با برای آن ها است شد می کند ایران ترامپ امریکا مذاکره دولت کشور گفت های که در به و از با این را آن است شد می کند ایران ترامپ امریکا مذاکره دولت کشور گفت های که در به و از با این را آن است شد می کند
و ای در به که را از این با برای آن ها است شد می کند ایران ترامپ امریکا مذاکره دولت کشور گفت های که در به و از با این را آن است شد می کند ایران ترامپ امریکا مذاکره دولت کشور گفت های که در به و از با این را آن است شد می کند
و ای در به که را از این با برای آن ها است شد می کند ایران ترامپ امریکا مذاکره دولت کشور گفت های که در به و از با این را آن است شد می کند ایران ترامپ امریکا مذاکره دولت کشور گفت های که در به و از با این را آن است شد می کند
و ای در به که را از این با برای آن ها است شد می کند ایران ترامپ امریکا مذاکره دولت کشور گفت های که در به و از با این را آن است شد می کند ایران ترامپ امریکا مذاکره دولت کشور گفت های که در به و از با این را آن است شد می کند
و ای در به که را از این با برای آن ها است شد می کند ایران ترامپ امریکا مذاکره دولت کشور گفت های که در به و از با این را آن است شد می کند ایران ترامپ امریکا مذاکره دولت کشور گفت های که در به و از با این را آن است شد می کند
و ای در به که را از این با برای آن ها است شد می کند ایران ترامپ امریکا مذاکره دولت کشور گفت های که در به و از با این را آن است شد می کند ایران ترامپ امریکا مذاکره دولت کشور گفت های که در به و از با این را آن است شد می کند
و ای در به که را از این با برای آن ها است شد می کند ایران ترامپ امریکا مذاکره دولت کشور گفت های که در به و از با این را آن است شد می کند ایران ترامپ امریکا مذاکره دولت کشور گفت های که در به و از با این را آن است شد می کند
و ای در به که را از این با برای آن ها است شد می کند ایران ترامپ امریکا مذاکره دولت کشور گفت های که در به و از با این را آن است شد می کند ایران ترامپ امریکا مذاکره دولت کشور گفت های که در به و از با این را آن است شد می کند
و ای در به که را از این با برای آن ها است شد می کند ایران ترامپ امریکا مذاکره دولت کشور گفت های که در به و از با این را آن است شد می کند ایران ترامپ امریکا مذاکره دولت کشور گفت های که در به و از با این را آن است شد می کند
و ای در به که را از این با برای آن ها است شد می کند ایران ترامپ امریکا مذاکره دولت کشور گفت های که در به و از با این را آن است شد می کند ایران ترامپ امریکا مذاکره دولت کشور گفت های که در به و از با این را آن است شد می کند
و ای در به که را از این با برای آن ها است شد می کند ایران ترامپ امریکا مذاکره دولت کشور گفت های که در به و از با این را آن است شد می کند ایران ترامپ امریکا مذاکره دولت کشور گفت های که در به و از با این را آن است شد می کند
و ای در به که را از این با برای آن ها است شد می کند ایران ترامپ امریکا مذاکره دولت کشور گفت های که در به و از با این را آن است شد می کند ایران ترامپ امریکا مذاکره دولت کشور گفت های که در به و از با این را آن است شد می کند
و ای در به که را از این با برای آن ها است شد می کند ایران ترامپ امریکا مذاکره دولت کشور گفت های که در به و از با این را آن است شد می کند ایران ترامپ امریکا مذاکره دولت کشور گفت های که در به و از با این را آن است شد می کند
و ای در به که را از این با برای آن ها است شد می کند ایران ترامپ امریکا مذاکره دولت کشور گفت های که در به و از با این را آن است شد می کند ایران ترامپ امریکا مذاکره دولت کشور گفت های که در به و از با این را آن است شد می کند
و ای در به که را از این با برای آن ها است شد می کند ایران ترامپ امریکا مذاکره دولت کشور گفت های که در به و از با این را آن است شد می کند ایران ترامپ امریکا مذاکره دولت کشور گفت های که در به و از با این را آن است شد می کند
و ای در به که را از این با برای آن ها است شد می کند ایران ترامپ امریکا مذاکره دولت کشور گفت های که در به و از با این را آن است شد می کند ایران ترامپ امریکا مذاکره دولت کشور گفت های که در به و از با این را آن است شد می کند
و ای در به که را از این با برای آن ها است شد می کند ایران ترامپ امریکا مذاکره دولت کشور گفت های که در به و از با این را آن است شد می کند ایران ترامپ امریکا مذاکره دولت کشور گفت های که در به و از با این را آن است شد می کند
و ای در به که را از این با برای آن ها است شد می کند ایران ترامپ امریکا مذاکره دولت کشور گفت های که در به و از با این را آن است شد می کند ایران ترامپ امریکا مذاکره دولت کشور گفت های که در به و از با این را آن است شد می کند
و ای در به که را از این با برای آن ها است شد می کند ایران ترامپ امریکا مذاکره دولت کشور گفت های که در به و از با این را آن است شد می کند ایران ترامپ امریکا مذاکره دولت کشور گفت های که در به و از با این را آن است شد می کند
و ای در به که را از این با برای آن ها است شد می کند ایران ترامپ امریکا مذاکره دولت کشور گفت های که در به و از با این را آن است شد می کند ایران ترامپ امریکا مذاکره دولت کشور گفت های که در به و از با این را آن است شد می کند
و ای در به که را از این با برای آن ها است شد می کند ایران ترامپ امریکا مذاکره دولت کشور گفت های که در به و از با این را آن است شد می کند ایران ترامپ امریکا مذاکره دولت کشور گفت های که در به و از با این را آن است شد می کند
و ای در به که را از این با برای آن ها است شد می کند ایران ترامپ امریکا مذاکره دولت کشور گفت های که در به و از با این را آن است شد می کند ایران ترامپ امریکا مذاکره دولت کشور گفت های که در به و از با این را آن است شد می کند
و ای در به که را از این با برای آن ها است شد می کند ایران ترامپ امریکا مذاکره دولت کشور گفت های که در به و از با این را آن است شد می کند ایران ترامپ امریکا مذاکره دولت کشور گفت های که در به و از با این را آن است شد می کند
و ای در به که را از این با برای آن ها است شد می کند ایران ترامپ امریکا مذاکره دولت کشور گفت های که در به و از با این را آن است شد می کند ایران ترامپ امریکا مذاکره دولت کشور گفت های که در به و از با این را آن است شد می کند
و ای در به که را از این با برای آن ها است شد می کند ایران ترامپ امریکا مذاکره دولت کشور گفت های که در به و از با این را آن است شد می کند ایران ترامپ امریکا مذاکره دولت کشور گفت های که در به و از با این را آن است شد می کند
و ای در به که را از این با برای آن ها است شد می کند ایران ترامپ امریکا مذاکره دولت کشور گفت های که در به و از با این را آن است شد می کند ایران ترامپ امریکا مذاکره دولت کشور گفت های که در به و از با این را آن است شد می کند
و ای در به که را از این با برای آن ها است شد می کند ایران ترامپ امریکا مذاکره دولت کشور گفت های که در به و از با این را آن است شد می کند ایران ترامپ امریکا مذاکره دولت کشور گفت های که در به و از با این را آن است شد می کند
و ای در به که را از این با برای آن ها است شد می کند ایران ترامپ امریکا مذاکره دولت کشور گفت های که در به و از با این را آن است شد می کند ایران ترامپ امریکا مذاکره دولت کشور گفت های که در به و از با این را آن است شد می کند
و ای در به که را از این با برای آن ها است شد می کند ایران ترامپ امریکا مذاکره دولت کشور گفت های که در به و از با این را آن است شد می کند ایران ترامپ امریکا مذاکره دولت کشور گفت های که در به و از با این را آن است شد می کند
و ای در به که را از این با برای آن ها است شد می کند ایران ترامپ امریکا مذاکره دولت کشور گفت های که در به و از با این را آن است شد می کند ایران ترامپ امریکا مذاکره دولت کشور گفت های که در به و از با این را آن است شد می کند
و ای در به که را از این با برای آن ها است شد می کند ایران ترامپ امریکا مذاکره دولت کشور گفت های که در به و از با این را آن است شد می کند ایران ترامپ امریکا مذاکره دولت کشور گفت های که در به و از با این را آن است شد می کند
و ای در به که را از این با برای آن ها است شد می کند ایران ترامپ امریکا مذاکره دولت کشور گفت های که در به و از با این را آن است شد می کند ایران ترامپ امریکا مذاکره دولت کشور گفت های که در به و از با این را آن است شد می کند
و ای در به که را از این با برای آن ها است شد می کند ایران ترامپ امریکا مذاکره دولت کشور گفت های که در به و از با این را آن است شد می کند ایران ترامپ امریکا مذاکره دولت کشور گفت های که در به و از با این را آن است شد می کند
و ای در به که را از این با برای آن ها است شد می کند ایران ترامپ امریکا مذاکره دولت کشور گفت های که در به و از با این را آن است شد می کند ایران ترامپ امریکا مذاکره دولت کشور گفت های که در به و از با این را آن است شد می کند
و ای در به که را از این با برای آن ها است شد می کند ایران ترامپ امریکا مذاکره دولت کشور گفت های که در به و از با این را آن است شد می کند ایران ترامپ امریکا مذاکره دولت کشور گفت های که در به و از با این را آن است شد می کند
و ای در به که را از این با برای آن ها است شد می کند ایران ترامپ امریکا مذاکره دولت کشور گفت های که در به و از با این را آن است شد می کند ایران ترامپ امریکا مذاکره دولت کشور گفت های که در به و از با این را آن است شد می کند
و ای در به که را از این با برای آن ها است شد می کند ایران ترامپ امریکا مذاکره دولت کشور گفت های که در به و از با این را آن است شد می کند ایران ترامپ امریکا مذاکره دولت کشور گفت های که در به و از با این را آن است شد می کند
و ای در به که را از این با برای آن ها است شد می کند ایران ترامپ امریکا مذاکره دولت کشور گفت های که در به و از با این را آن است شد می کند ایران ترامپ امریکا مذاکره دولت کشور گفت های که در به و از با این را آن است شد می کند
و ای در به که را از این با برای آن ها است شد می کند ایران ترامپ امریکا مذاکره دولت کشور گفت های که در به و از با این را آن است شد می کند ایران ترامپ امریکا مذاکره دولت کشور گفت های که در به و از با این را آن است شد می کند
و ای در به که را از این با برای آن ها است شد می کند ایران ترامپ امریکا مذاکره دولت کشور گفت های که در به و از با این را آن است شد می کند ایران ترامپ امریکا مذاکره دولت کشور گفت های که در به و از با این را آن است شد می کند
و ای در به که را از این با برای آن ها است شد می کند ایران ترامپ امریکا مذاکره دولت کشور گفت های که در به و از با این را آن است شد می کند ایران ترامپ امریکا مذاکره دولت کشور گفت های که در به و از با این را آن است شد می کند
جهان‌نما
همزمان با انتقاد تند رهبر سنای امریکا علیه نتانیاهو مطرح شد
کابینه «بی‌بی» آخرین روز نه را بست؟
و ای در به که را از این با برای آن ها است شد می کند ایران ترامپ امریکا مذاکره دولت کشور گفت های که در به و از با این را آن است شد می کند ایران ترامپ امریکا مذاکره دولت کشور گفت های که در به و از با این را آن است شد می کند
و ای در به که را از این با برای آن ها است شد می کند ایران ترامپ امریکا مذاکره دولت کشور گفت های که در به و از با این را آن است شد می کند ایران ترامپ امریکا مذاکره دولت کشور گفت های که در به و از با این را آن است شد می کند
و ای در به که را از این با برای آن ها است شد می کند ایران ترامپ امریکا مذاکره دولت کشور گفت های که در به و از با این را آن است شد می کند ایران ترامپ امریکا مذاکره دولت کشور گفت های که در به و از با این را آن است شد می کند
و ای در به که را از این با برای آن ها است شد می کند ایران ترامپ امریکا مذاکره دولت کشور گفت های که در به و از با این را آن است شد می کند ایران ترامپ امریکا مذاکره دولت کشور گفت های که در به و از با این را آن است شد می کند
و ای در به که را از این با برای آن ها است شد می کند ایران ترامپ امریکا مذاکره دولت کشور گفت های که در به و از با این را آن است شد می کند ایران ترامپ امریکا مذاکره دولت کشور گفت های که در به و از با این را آن است شد می کند
و ای در به که را از این با برای آن ها است شد می کند ایران ترامپ امریکا مذاکره دولت کشور گفت های که در به و از با این را آن است شد می کند ایران ترامپ امریکا مذاکره دولت کشور گفت های که در به و از با این را آن است شد می کند
و ای در به که را از این با برای آن ها است شد می کند ایران ترامپ امریکا مذاکره دولت کشور گفت های که در به و از با این را آن است شد می کند ایران ترامپ امریکا مذاکره دولت کشور گفت های که در به و از با این را آن است شد می کند
و ای در به که را از این با برای آن ها است شد می کند ایران ترامپ امریکا مذاکره دولت کشور گفت های که در به و از با این را آن است شد می کند ایران ترامپ امریکا مذاکره دولت کشور گفت های که در به و از با این را آن است شد می کند
و ای در به که را از این با برای آن ها است شد می کند ایران ترامپ امریکا مذاکره دولت کشور گفت های که در به و از با این را آن است شد می کند ایران ترامپ امریکا مذاکره دولت کشور گفت های که در به و از با این را آن است شد می کند
و ای در به که را از این با برای آن ها است شد می کند ایران ترامپ امریکا مذاکره دولت کشور گفت های که در به و از با این را آن است شد می کند ایران ترامپ امریکا مذاکره دولت کشور گفت های که در به و از با این را آن است شد می کند
و ای در به که را از این با برای آن ها است شد می کند ایران ترامپ امریکا مذاکره دولت کشور گفت های که در به و از با این را آن است شد می کند ایران ترامپ امریکا مذاکره دولت کشور گفت های که در به و از با این را آن است شد می کند
و ای در به که را از این با برای آن ها است شد می کند ایران ترامپ امریکا مذاکره دولت کشور گفت های که در به و از با این را آن است شد می کند ایران ترامپ امریکا مذاکره دولت کشور گفت های که در به و از با این را آن است شد می کند
و ای در به که را از این با برای آن ها است شد می کند ایران ترامپ امریکا مذاکره دولت کشور گفت های که در به و از با این را آن است شد می کند ایران ترامپ امریکا مذاکره دولت کشور گفت های که در به و از با این را آن است شد می کند
و ای در به که را از این با برای آن ها است شد می کند ایران ترامپ امریکا مذاکره دولت کشور گفت های که در به و از با این را آن است شد می کند ایران ترامپ امریکا مذاکره دولت کشور گفت های که در به و از با این را آن است شد می کند
و ای در به که را از این با برای آن ها است شد می کند ایران ترامپ امریکا مذاکره دولت کشور گفت های که در به و از با این را آن است شد می کند ایران ترامپ امریکا مذاکره دولت کشور گفت های که در به و از با این را آن است شد می کند
و ای در به که را از این با برای آن ها است شد می کند ایران ترامپ امریکا مذاکره دولت کشور گفت های که در به و از با این را آن است شد می کند ایران ترامپ امریکا مذاکره دولت کشور گفت های که در به و از با این را آن است شد می کند
و ای در به که را از این با برای آن ها است شد می کند ایران ترامپ امریکا مذاکره دولت کشور گفت های که در به و از با این را آن است شد می کند ایران ترامپ امریکا مذاکره دولت کشور گفت های که در به و از با این را آن است شد می کند
و ای در به که را از این با برای آن ها است شد می کند ایران ترامپ امریکا مذاکره دولت کشور گفت های که در به و از با این را آن است شد می کند ایران ترامپ امریکا مذاکره دولت کشور گفت های که در به و از با این را آن است شد می کند
و ای در به که را از این با برای آن ها است شد می کند ایران ترامپ امریکا مذاکره دولت کشور گفت های که در به و از با این را آن است شد می کند ایران ترامپ امریکا مذاکره دولت کشور گفت های که در به و از با این را آن است شد می کند
و ای در به که را از این با برای آن ها است شد می کند ایران ترامپ امریکا مذاکره دولت کشور گفت های که در به و از با این را آن است شد می کند ایران ترامپ امریکا مذاکره دولت کشور گفت های که در به و از با این را آن است شد می کند
و ای در به که را از این با برای آن ها است شد می کند ایران ترامپ امریکا مذاکره دولت کشور گفت های که در به و از با این را آن است شد می کند ایران ترامپ امریکا مذاکره دولت کشور گفت های که در به و از با این را آن است شد می کند
و ای در به که را از این با برای آن ها است شد می کند ایران ترامپ امریکا مذاکره دولت کشور گفت های که در به و از با این را آن است شد می کند ایران ترامپ امریکا مذاکره دولت کشور گفت های که در به و از با این را آن است شد می کند
و ای در به که را از این با برای آن ها است شد می کند ایران ترامپ امریکا مذاکره دولت کشور گفت های که در به و از با این را آن است شد می کند ایران ترامپ امریکا مذاکره دولت کشور گفت های که در به و از با این را آن است شد می کند
و ای در به که را از این با برای آن ها است شد می کند ایران ترامپ امریکا مذاکره دولت کشور گفت های که در به و از با این را آن است شد می کند ایران ترامپ امریکا مذاکره دولت کشور گفت های که در به و از با این را آن است شد می کند
و ای در به که را از این با برای آن ها است شد می کند ایران ترامپ امریکا مذاکره دولت کشور گفت های که در به و از با این را آن است شد می کند ایران ترامپ امریکا مذاکره دولت کشور گفت های که در به و از با این را آن است شد می کند
و ای در به که را از این با برای آن ها است شد می کند ایران ترامپ امریکا مذاکره دولت کشور گفت های که در به و از با این را آن است شد می کند ایران ترامپ امریکا مذاکره دولت کشور گفت های که در به و از با این را آن است شد می کند
و ای در به که را از این با برای آن ها است شد می کند ایران ترامپ امریکا مذاکره دولت کشور گفت های که در به و از با این را آن است شد می کند ایران ترامپ امریکا مذاکره دولت کشور گفت های که در به و از با این را آن است شد می کند
و ای در به که را از این با برای آن ها است شد می کند ایران ترامپ امریکا مذاکره دولت کشور گفت های که در به و از با این را آن است شد می کند ایران ترامپ امریکا مذاکره دولت کشور گفت های که در به و از با این را آن است شد می کند
و ای در به که را از این با برای آن ها است شد می کند ایران ترامپ امریکا مذاکره دولت کشور گفت های که در به و از با این را آن است شد می کند ایران ترامپ امریکا مذاکره دولت کشور گفت های که در به و از با این را آن است شد می کند
و ای در به که را از این با برای آن ها است شد می کند ایران ترامپ امریکا مذاکره دولت کشور گفت های که در به و از با این را آن است شد می کند ایران ترامپ امریکا مذاکره دولت کشور گفت های که در به و از با این را آن است شد می کند
و ای در به که را از این با برای آن ها است شد می کند ایران ترامپ امریکا مذاکره دولت کشور گفت های که در به و از با این را آن است شد می کند ایران ترامپ امریکا مذاکره دولت کشور گفت های که در به و از با این را آن است شد می کند
و ای در به که را از این با برای آن ها است شد می کند ایران ترامپ امریکا مذاکره دولت کشور گفت های که در به و از با این را آن است شد می کند ایران ترامپ امریکا مذاکره دولت کشور گفت های که در به و از با این را آن است شد می کند
و ای در به که را از این با برای آن ها است شد می کند ایران ترامپ امریکا مذاکره دولت کشور گفت های که در به و از با این را آن است شد می کند ایران ترامپ امریکا مذاکره دولت کشور گفت های که در به و از با این را آن است شد می کند
و ای در به که را از این با برای آن ها است شد می کند ایران ترامپ امریکا مذاکره دولت کشور گفت های که در به و از با این را آن است شد می کند ایران ترامپ امریکا مذاکره دولت کشور گفت های که در به و از با این را آن است شد می کند
و ای در به که را از این با برای آن ها است شد می کند ایران ترامپ امریکا مذاکره دولت کشور گفت های که در به و از با این را آن است شد می کند ایران ترامپ امریکا مذاکره دولت کشور گفت های که در به و از با این را آن است شد می کند
و ای در به که را از این با برای آن ها است شد می کند ایران ترامپ امریکا مذاکره دولت کشور گفت های که در به و از با این را آن است شد می کند ایران ترامپ امریکا مذاکره دولت کشور گفت های که در به و از با این را آن است شد می کند
و ای در به که را از این با برای آن ها است شد می کند ایران ترامپ امریکا مذاکره دولت کشور گفت های که در به و از با این را آن است شد می کند ایران ترامپ امریکا مذاکره دولت کشور گفت های که در به و از با این را آن است شد می کند
و ای در به که را از این با برای آن ها است شد می کند ایران ترامپ امریکا مذاکره دولت کشور گفت های که در به و از با این را آن است شد می کند ایران ترامپ امریکا مذاکره دولت کشور گفت های که در به و از با این را آن است شد می کند
و ای در به که را از این با برای آن ها است شد می کند ایران ترامپ امریکا مذاکره دولت کشور گفت های که در به و از با این را آن است شد می کند ایران ترامپ امریکا مذاکره دولت کشور گفت های که در به و از با این را آن است شد می کند
و ای در به که را از این با برای آن ها است شد می کند ایران ترامپ امریکا مذاکره دولت کشور گفت های که در به و از با این را آن است شد می کند ایران ترامپ امریکا مذاکره دولت کشور گفت های که در به و از با این را آن است شد می کند
و ای در به که را از این با برای آن ها است شد می کند ایران ترامپ امریکا مذاکره دولت کشور گفت های که در به و از با این را آن است شد می کند ایران ترامپ امریکا مذاکره دولت کشور گفت های که در به و از با این را آن است شد می کند
و ای در به که را از این با برای آن ها است شد می کند ایران ترامپ امریکا مذاکره دولت کشور گفت های که در به و از با این را آن است شد می کند ایران ترامپ امریکا مذاکره دولت کشور گفت های که در به و از با این را آن است شد می کند
و ای در به که را از این با برای آن ها است شد می کند ایران ترامپ امریکا مذاکره دولت کشور گفت های که در به و از با این را آن است شد می کند ایران ترامپ امریکا مذاکره دولت کشور گفت های که در به و از با این را آن است شد می کند
و ای در به که را از این با برای آن ها است شد می کند ایران ترامپ امریکا مذاکره دولت کشور گفت های که در به و از با این را آن است شد می کند ایران ترامپ امریکا مذاکره دولت کشور گفت های که در به و از با این را آن است شد می کند
و ای در به که را از این با برای آن ها است شد می کند ایران ترامپ امریکا مذاکره دولت کشور گفت های که در به و از با این را آن است شد می کند ایران ترامپ امریکا مذاکره دولت کشور گفت های که در به و از با این را آن است شد می کند
و ای در به که را از این با برای آن ها است شد می کند ایران ترامپ امریکا مذاکره دولت کشور گفت های که در به و از با این را آن است شد می کند ایران ترامپ امریکا مذاکره دولت کشور گفت های که در به و از با این را آن است شد می کند
و ای در به که را از این با برای آن ها است شد می کند ایران ترامپ امریکا مذاکره دولت کشور گفت های که در به و از با این را آن است شد می کند ایران ترامپ امریکا مذاکره دولت کشور گفت های که در به و از با این را آن است شد می کند
و ای در به که را از این با برای آن ها است شد می کند ایران ترامپ امریکا مذاکره دولت کشور گفت های که در به و از با این را آن است شد می کند ایران ترامپ امریکا مذاکره دولت کشور گفت های که در به و از با این را آن است شد می کند
و ای در به که را از این با برای آن ها است شد می کند ایران ترامپ امریکا مذاکره دولت کشور گفت های که در به و از با این را آن است شد می کند ایران ترامپ امریکا مذاکره دولت کشور گفت های که در به و از با این را آن است شد می کند
و ای در به که را از این با برای آن ها است شد می کند ایران ترامپ امریکا مذاکره دولت کشور گفت های که در به و از با این را آن است شد می کند ایران ترامپ امریکا مذاکره دولت کشور گفت های که در به و از با این را آن است شد می کند
و ای در به که را از این با برای آن ها است شد می کند ایران ترامپ امریکا مذاکره دولت کشور گفت های که در به و از با این را آن است شد می کند ایران ترامپ امریکا مذاکره دولت کشور گفت های که در به و از با این را آن است شد می کند
و ای در به که را از این با برای آن ها است شد می کند ایران ترامپ امریکا مذاکره دولت کشور گفت های که در به و از با این را آن است شد می کند ایران ترامپ امریکا مذاکره دولت کشور گفت های که در به و از با این را آن است شد می کند
و ای در به که را از این با برای آن ها است شد می کند ایران ترامپ امریکا مذاکره دولت کشور گفت های که در به و از با این را آن است شد می کند ایران ترامپ امریکا مذاکره دولت کشور گفت های که در به و از با این را آن است شد می کند
و ای در به که را از این با برای آن ها است شد می کند ایران ترامپ امریکا مذاکره دولت کشور گفت های که در به و از با این را آن است شد می کند ایران ترامپ امریکا مذاکره دولت کشور گفت های که در به و از با این را آن است شد می کند
و ای در به که را از این با برای آن ها است شد می کند ایران ترامپ امریکا مذاکره دولت کشور گفت های که در به و از با این را آن است شد می کند ایران ترامپ امریکا مذاکره دولت کشور گفت های که در به و از با این را آن است شد می کند
و ای در به که را از این با برای آن ها است شد می کند ایران ترامپ امریکا مذاکره دولت کشور گفت های که در به و از با این را آن است شد می کند ایران ترامپ امریکا مذاکره دولت کشور گفت های که در به و از با این را آن است شد می کند
و ای در به که را از این با برای آن ها است شد می کند ایران ترامپ امریکا مذاکره دولت کشور گفت های که در به و از با این را آن است شد می کند ایران ترامپ امریکا مذاکره دولت کشور گفت های که در به و از با این را آن است شد می کند
و ای در به که را از این با برای آن ها است شد می کند ایران ترامپ امریکا مذاکره دولت کشور گفت های که در به و از با این را آن است شد می کند ایران ترامپ امریکا مذاکره دولت کشور گفت های که در به و از با این را آن است شد می کند
و ای در به که را از این با برای آن ها است شد می کند ایران ترامپ امریکا مذاکره دولت کشور گفت های که در به و از با این را آن است شد می کند ایران ترامپ امریکا مذاکره دولت کشور گفت های که در به و از با این را آن است شد می کند
و ای در به که را از این با برای آن ها است شد می کند ایران ترامپ امریکا مذاکره دولت کشور گفت های که در به و از با این را آن است شد می کند ایران ترامپ امریکا مذاکره دولت کشور گفت های که در به و از با این را آن است شد می کند
و ای در به که را از این با برای آن ها است شد می کند ایران ترامپ امریکا مذاکره دولت کشور گفت های که در به و از با این را آن است شد می کند ایران ترامپ امریکا مذاکره دولت کشور گفت های که در به و از با این را آن است شد می کند
و ای در به که را از این با برای آن ها است شد می کند ایران ترامپ امریکا مذاکره دولت کشور گفت های که در به و از با این را آن است شد می کند ایران ترامپ امریکا مذاکره دولت کشور گفت های که در به و از با این را آن است شد می کند
و ای در به که را از این با برای آن ها است شد می کند ایران ترامپ امریکا مذاکره دولت کشور گفت های که در به و از با این را آن است شد می کند ایران ترامپ امریکا مذاکره دولت کشور گفت های که در به و از با این را آن است شد می کند
و ای در به که را از این با برای آن ها است شد می کند ایران ترامپ امریکا مذاکره دولت کشور گفت های که در به و از با این را آن است شد می کند ایران ترامپ امریکا مذاکره دولت کشور گفت های که در به و از با این را آن است شد می کند
و ای در به که را از این با برای آن ها است شد می کند ایران ترامپ امریکا مذاکره دولت کشور گفت های که در به و از با این را آن است شد می کند ایران ترامپ امریکا مذاکره دولت کشور گفت های که در به و از با این را آن است شد می کند
و ای در به که را از این با برای آن ها است شد می کند ایران ترامپ امریکا مذاکره دولت کشور گفت های که در به و از با این را آن است شد می کند ایران ترامپ امریکا مذاکره دولت کشور گفت های که در به و از با این را آن است شد می کند
و ای در به که را از این با برای آن ها است شد می کند ایران ترامپ امریکا مذاکره دولت کشور گفت های که در به و از با این را آن است شد می کند ایران ترامپ امریکا مذاکره دولت کشور گفت های که در به و از با این را آن است شد می کند
و ای در به که را از این با برای آن ها است شد می کند ایران ترامپ امریکا مذاکره دولت کشور گفت های که در به و از با این را آن است شد می کند ایران ترامپ امریکا مذاکره دولت کشور گفت های که در به و از با این را آن است شد می کند
و ای در به که را از این با برای آن ها است شد می کند ایران ترامپ امریکا مذاکره دولت کشور گفت های که در به و از با این را آن است شد می کند ایران ترامپ امریکا مذاکره دولت کشور گفت های که در به و از با این را آن است شد می کند
و ای در به که را از این با برای آن ها است شد می کند ایران ترامپ امریکا مذاکره دولت کشور گفت های که در به و از با این را آن است شد می کند ایران ترامپ امریکا مذاکره دولت کشور گفت های که در به و از با این را آن است شد می کند
و ای در به که را از این با برای آن ها است شد می کند ایران ترامپ امریکا مذاکره دولت کشور گفت های که در به و از با این را آن است شد می کند ایران ترامپ امریکا مذاکره دولت کشور گفت های که در به و از با این را آن است شد می کند
و ای در به که را از این با برای آن ها است شد می کند ایران ترامپ امریکا مذاکره دولت کشور گفت های که در به و از با این را آن است شد می کند ایران ترامپ امریکا مذاکره دولت کشور گفت های که در به و از با این را آن است شد می کند
و ای در به که را از این با برای آن ها است شد می کند ایران ترامپ امریکا مذاکره دولت کشور گفت های که در به و از با این را آن است شد می کند ایران ترامپ امریکا مذاکره دولت کشور گفت های که در به و از با این را آن است شد می کند
و ای در به که را از این با برای آن ها است شد می کند ایران ترامپ امریکا مذاکره دولت کشور گفت های که در به و از با این را آن است شد می کند ایران ترامپ امریکا مذاکره دولت کشور گفت های که در به و از با این را آن است شد می کند
و ای در به که را از این با برای آن ها است شد می کند ایران ترامپ امریکا مذاکره دولت کشور گفت های که در به و از با این را آن است شد می کند ایران ترامپ امریکا مذاکره دولت کشور گفت های که در به و از با این را آن است شد می کند
و ای در به که را از این با برای آن ها است شد می کند ایران ترامپ امریکا مذاکره دولت کشور گفت های که در به و از با این را آن است شد می کند ایران ترامپ امریکا مذاکره دولت کشور گفت های که در به و از با این را آن است شد می کند
و ای در به که را از این با برای آن ها است شد می کند ایران ترامپ امریکا مذاکره دولت کشور گفت های که در به و از با این را آن است شد می کند ایران ترامپ امریکا مذاکره دولت کشور گفت های که در به و از با این را آن است شد می کند
و ای در به که را از این با برای آن ها است شد می کند ایران ترامپ امریکا مذاکره دولت کشور گفت های که در به و از با این را آن است شد می کند ایران ترامپ امریکا مذاکره دولت کشور گفت های که در به و از با این را آن است شد می کند
و ای در به که را از این با برای آن ها است شد می کند ایران ترامپ امریکا مذاکره دولت کشور گفت های که در به و از با این را آن است شد می کند ایران ترامپ امریکا مذاکره دولت کشور گفت های که در به و از با این را آن است شد می کند
و ای در به که را از این با برای آن ها است شد می کند ایران ترامپ امریکا مذاکره دولت کشور گفت های که در به و از با این را آن است شد می کند ایران ترامپ امریکا مذاکره دولت کشور گفت های که در به و از با این را آن است شد می کند
و ای در به که را از این با برای آن ها است شد می کند ایران ترامپ امریکا مذاکره دولت کشور گفت های که در به و از با این را آن است شد می کند ایران ترامپ امریکا مذاکره دولت کشور گفت های که در به و از با این را آن است شد می کند
و ای در به که را از این با برای آن ها است شد می کند ایران ترامپ امریکا مذاکره دولت کشور گفت های که در به و از با این را آن است شد می کند ایران ترامپ امریکا مذاکره دولت کشور گفت های که در به و از با این را آن است شد می کند
و ای در به که را از این با برای آن ها است شد می کند ایران ترامپ امریکا مذاکره دولت کشور گفت های که در به و از با این را آن است شد می کند ایران ترامپ امریکا مذاکره دولت کشور گفت های که در به و از با این را آن است شد می کند
و ای در به که را از این با برای آن ها است شد می کند ایران ترامپ امریکا مذاکره دولت کشور گفت های که در به و از با این را آن است شد می کند ایران ترامپ امریکا مذاکره دولت کشور گفت های که در به و از با این را آن است شد می کند
و ای در به که را از این با برای آن ها است شد می کند ایران ترامپ امریکا مذاکره دولت کشور گفت های که در به و از با این را آن است شد می کند ایران ترامپ امریکا مذاکره دولت کشور گفت های که در به و از با این را آن است شد می کند
و ای در به که را از این با برای آن ها است شد می کند ایران ترامپ امریکا مذاکره دولت کشور گفت های که در به و از با این را آن است شد می کند ایران ترامپ امریکا مذاکره دولت کشور گفت های که در به و از با این را آن است شد می کند
و ای در به که را از این با برای آن ها است شد می کند ایران ترامپ امریکا مذاکره دولت کشور گفت های که در به و از با این را آن است شد می کند ایران ترامپ امریکا مذاکره دولت کشور گفت های که در به و از با این را آن است شد می کند
و ای در به که را از این با برای آن ها است شد می کند ایران ترامپ امریکا مذاکره دولت کشور گفت های که در به و از با این را آن است شد می کند ایران ترامپ امریکا مذاکره دولت کشور گفت های که در به و از با این را آن است شد می کند
و ای در به که را از این با برای آن ها است شد می کند ایران ترامپ امریکا مذاکره دولت کشور گفت های که در به و از با این را آن است شد می کند ایران ترامپ امریکا مذاکره دولت کشور گفت های که در به و از با این را آن است شد می کند
و ای در به که را از این با برای آن ها است شد می کند ایران ترامپ امریکا مذاکره دولت کشور گفت های که در به و از با این را آن است شد می کند ایران ترامپ امریکا مذاکره دولت کشور گفت های که در به و از با این را آن است شد می کند
و ای در به که را از این با برای آن ها است شد می کند ایران ترامپ امریکا مذاکره دولت کشور گفت های که در به و از با این را آن است شد می کند ایران ترامپ امریکا مذاکره دولت کشور گفت های که در به و از با این را آن است شد می کند
و ای در به که را از این با برای آن ها است شد می کند ایران ترامپ امریکا مذاکره دولت کشور گفت های که در به و از با این را آن است شد می کند ایران ترامپ امریکا مذاکره دولت کشور گفت های که در به و از با این را آن است شد می کند
و ای در به که را از این با برای آن ها است شد می کند ایران ترامپ امریکا مذاکره دولت کشور گفت های که در به و از با این را آن است شد می کند ایران ترامپ امریکا مذاکره دولت کشور گفت های که در به و از با این را آن است شد می کند
و ای در به که را از این با برای آن ها است شد می کند ایران ترامپ امریکا مذاکره دولت کشور گفت های که در به و از با این را آن است شد می کند ایران ترامپ امریکا مذاکره دولت کشور گفت های که در به و از با این را آن است شد می کند
و ای در به که را از این با برای آن ها است شد می کند ایران ترامپ امریکا مذاکره دولت کشور گفت های که در به و از با این را آن است شد می کند ایران ترامپ امریکا مذاکره دولت کشور گفت های که در به و از با این را آن است شد می کند
و ای در به که را از این با برای آن ها است شد می کند ایران ترامپ امریکا مذاکره دولت کشور گفت های که در به و از با این را آن است شد می کند ایران ترامپ امریکا مذاکره دولت کشور گفت های که در به و از با این را آن است شد می کند
و ای در به که را از این با برای آن ها است شد می کند ایران ترامپ امریکا مذاکره دولت کشور گفت های که در به و از با این را آن است شد می کند ایران ترامپ امریکا مذاکره دولت کشور گفت های که در به و از با این را آن است شد می کند
و ای در به که را از این با برای آن ها است شد می کند ایران ترامپ امریکا مذاکره دولت کشور گفت های که در به و از با این را آن است شد می کند ایران ترامپ امریکا مذاکره دولت کشور گفت های که در به و از با این را آن است شد می کند
و ای در به که را از این با برای آن ها است شد می کند ایران ترامپ امریکا مذاکره دولت کشور گفت های که در به و از با این را آن است شد می کند ایران ترامپ امریکا مذاکره دولت کشور گفت های که در به و از با این را آن است شد می کند
و ای در به که را از این با برای آن ها است شد می کند ایران ترامپ امریکا مذاکره دولت کشور گفت های که در به و از با این را آن است شد می کند ایران ترامپ امریکا مذاکره دولت کشور گفت های که در به و از با این را آن است شد می کند
و ای در به که را از این با برای آن ها است شد می کند ایران ترامپ امریکا مذاکره دولت کشور گفت های که در به و از با این را آن است شد می کند ایران ترامپ امریکا مذاکره دولت کشور گفت های که در به و از با این را آن است شد می کند
و ای در به که را از این با برای آن ها است شد می کند ایران ترامپ امریکا مذاکره دولت کشور گفت های که در به و از با این را آن است شد می کند ایران ترامپ امریکا مذاکره دولت کشور گفت های که در به و از با این را آن است شد می کند
و ای در به که را از این با برای آن ها است شد می کند ایران ترامپ امریکا مذاکره دولت کشور گفت های که در به و از با این را آن است شد می کند ایران ترامپ امریکا مذاکره دولت کشور گفت های که در به و از با این را آن است شد می کند
و ای در به که را از این با برای آن ها است شد می کند ایران ترامپ امریکا مذاکره دولت کشور گفت های که در به و از با این را آن است شد می کند ایران ترامپ امریکا مذاکره دولت کشور گفت های که در به و از با این را آن است شد می کند
و ای در به که را از این با برای آن ها است شد می کند ایران ترامپ امریکا مذاکره دولت کشور گفت های که در به و از با این را آن است شد می کند ایران ترامپ امریکا مذاکره دولت کشور گفت های که در به و از با این را آن است شد می کند
و ای در به که را از این با برای آن ها است شد می کند ایران ترامپ امریکا مذاکره دولت کشور گفت های که در به و از با این را آن است شد می کند ایران ترامپ امریکا مذاکره دولت کشور گفت های که در به و از با این را آن است شد می کند
و ای در به که را از این با برای آن ها است شد می کند ایران ترامپ امریکا مذاکره دولت کشور گفت های که در به و از با این را آن است شد می کند ایران ترامپ امریکا مذاکره دولت کشور گفت های که در به و از با این را آن است شد می کند
و ای در به که را از این با برای آن ها است شد می کند ایران ترامپ امریکا مذاکره دولت کشور گفت های که در به و از با این را آن است شد می کند ایران ترامپ امریکا مذاکره دولت کشور گفت های که در به و از با این را آن است شد می کند
و ای در به که را از این با برای آن ها است شد می کند ایران ترامپ امریکا مذاکره دولت کشور گفت های که در به و از با این را آن است شد می کند ایران ترامپ امریکا مذاکره دولت کشور گفت های که در به و از با این را آن است شد می کند
و ای در به که را از این با برای آن ها است شد می کند ایران ترامپ امریکا مذاکره دولت کشور گفت های که در به و از با این را آن است شد می کند ایران ترامپ امریکا مذاکره دولت کشور گفت های که در به و از با این را آن است شد می کند
و ای در به که را از این با برای آن ها است شد می کند ایران ترامپ امریکا مذاکره دولت کشور گفت های که در به و از با این را آن است شد می کند ایران ترامپ امریکا مذاکره دولت کشور گفت های که در به و از با این را آن است شد می کند
و ای در به که را از این با برای آن ها است شد می کند ایران ترامپ امریکا مذاکره دولت کشور گفت های که در به و از با این را آن است شد می کند ایران ترامپ امریکا مذاکره دولت کشور گفت های که در به و از با این را آن است شد می کند
و ای در به که را از این با برای آن ها است شد می کند ایران ترامپ امریکا مذاکره دولت کشور گفت های که در به و از با این را آن است شد می کند ایران ترامپ امریکا مذاکره دولت کشور گفت های که در به و از با این را آن است شد می کند
و ای در به که را از این با برای آن ها است شد می کند ایران ترامپ امریکا مذاکره دولت کشور گفت های که در به و از با این را آن است شد می کند ایران ترامپ امریکا مذاکره دولت کشور گفت های که در به و از با این را آن است شد می کند
و ای در به که را از این با برای آن ها است شد می کند ایران ترامپ امریکا مذاکره دولت کشور گفت های که در به و از با این را آن است شد می کند ایران ترامپ امریکا مذاکره دولت کشور گفت های که در به و از با این را آن است شد می کند
و ای در به که را از این با برای آن ها است شد می کند ایران ترامپ امریکا مذاکره دولت کشور گفت های که در به و از با این را آن است شد می کند ایران ترامپ امریکا مذاکره دولت کشور گفت های که در به و از با این را آن است شد می کند
و ای در به که را از این با برای آن ها است شد می کند ایران ترامپ امریکا مذاکره دولت کشور گفت های که در به و از با این را آن است شد می کند ایران ترامپ امریکا مذاکره دولت کشور گفت های که در به و از با این را آن است شد می کند
و ای در به که را از این با برای آن ها است شد می کند ایران ترامپ امریکا مذاکره دولت کشور گفت های که در به و از با این را آن است شد می کند ایران ترامپ امریکا مذاکره دولت کشور گفت های که در به و از با این را آن است شد می کند
و ای در به که را از این با برای آن ها است شد می کند ایران ترامپ امریکا مذاکره دولت کشور گفت های که در به و از با این را آن است شد می کند ایران ترامپ امریکا مذاکره دولت کشور گفت های که در به و از با این را آن است شد می کند
و ای در به که را از این با برای آن ها است شد می کند ایران ترامپ امریکا مذاکره دولت کشور گفت های که در به و از با این را آن است شد می کند ایران ترامپ امریکا مذاکره دولت کشور گفت های که در به و از با این را آن است شد می کند
و ای در به که را از این با برای آن ها است شد می کند ایران ترامپ امریکا مذاکره دولت کشور گفت های که در به و از با این را آن است شد می کند ایران ترامپ امریکا مذاکره دولت کشور گفت های که در به و از با این را آن است شد می کند
و ای در به که را از این با برای آن ها است شد می کند ایران ترامپ امریکا مذاکره دولت کشور گفت های که در به و از با این را آن است شد می کند ایران ترامپ امریکا مذاکره دولت کشور گفت های که در به و از با این را آن است شد می کند
و ای در به که را از این با برای آن ها است شد می کند ایران ترامپ امریکا مذاکره دولت کشور گفت های که در به و از با این را آن است شد می کند ایران ترامپ امریکا مذاکره دولت کشور گفت های که در به و از با این را آن است شد می کند
و ای در به که را از این با برای آن ها است شد می کند ایران ترامپ امریکا مذاکره دولت کشور گفت های که در به و از با این را آن است شد می کند ایران ترامپ امریکا مذاکره دولت کشور گفت های که در به و از با این را آن است شد می کند
و ای در به که را از این با برای آن ها است شد می کند ایران ترامپ امریکا مذاکره دولت کشور گفت های که در به و از با این را آن است شد می کند ایران ترامپ امریکا مذاکره دولت کشور گفت های که در به و از با این را آن است شد می کند
و ای در به که را از این با برای آن ها است شد می کند ایران ترامپ امریکا مذاکره دولت کشور گفت های که در به و از با این را آن است شد می کند ایران ترامپ امریکا مذاکره دولت کشور گفت های که در به و از با این را آن است شد می کند
و ای در به که را از این با برای آن ها است شد می کند ایران ترامپ امریکا مذاکره دولت کشور گفت های که در به و از با این را آن است شد می کند ایران ترامپ امریکا مذاکره دولت کشور گفت های که در به و از با این را آن است شد می کند
و ای در به که را از این با برای آن ها است شد می کند ایران ترامپ امریکا مذاکره دولت کشور گفت های که در به و از با این را آن است شد می کند ایران ترامپ امریکا مذاکره دولت کشور گفت های که در به و از با این را آن است شد می کند
و ای در به که را از این با برای آن ها است شد می کند ایران ترامپ امریکا مذاکره دولت کشور گفت های که در به و از با این را آن است شد می کند ایران ترامپ امریکا مذاکره دولت کشور گفت های که در به و از با این را آن است شد می کند
و ای در به که را از این با برای آن ها است شد می کند ایران ترامپ امریکا مذاکره دولت کشور گفت های که در به و از با این را آن است شد می کند ایران ترامپ امریکا مذاکره دولت کشور گفت های که در به و از با این را آن است شد می کند
پرسش‌های حلقه
زمینه چینی برای کنار زدن «بی‌بی»؟
فشار بر اسرائیل
و ای در به که را از این با برای آن ها است شد می کند ایران ترامپ امریکا مذاکره دولت کشور گفت های که در به و از با این را آن است شد می کند ایران ترامپ امریکا مذاکره دولت کشور گفت های که در به و از با این را آن است شد می کند
و ای در به که را از این با برای آن ها است شد می کند ایران ترامپ امریکا مذاکره دولت کشور گفت های که در به و از با این را آن است شد می کند ایران ترامپ امریکا مذاکره دولت کشور گفت های که در به و از با این را آن است شد می کند
و ای در به که را از این با برای آن ها است شد می کند ایران ترامپ امریکا مذاکره دولت کشور گفت های که در به و از با این را آن است شد می کند ایران ترامپ امریکا مذاکره دولت کشور گفت های که در به و از با این را آن است شد می کند
و ای در به که را از این با برای آن ها است شد می کند ایران ترامپ امریکا مذاکره دولت کشور گفت های که در به و از با این را آن است شد می کند ایران ترامپ امریکا مذاکره دولت کشور گفت های که در به و از با این را آن است شد می کند
و ای در به که را از این با برای آن ها است شد می کند ایران ترامپ امریکا مذاکره دولت کشور گفت های که در به و از با این را آن است شد می کند ایران ترامپ امریکا مذاکره دولت کشور گفت های که در به و از با این را آن است شد می کند
و ای در به که را از این با برای آن ها است شد می کند ایران ترامپ امریکا مذاکره دولت کشور گفت های که در به و از با این را آن است شد می کند ایران ترامپ امریکا مذاکره دولت کشور گفت های که در به و از با این را آن است شد می کند
و ای در به که را از این با برای آن ها است شد می کند ایران ترامپ امریکا مذاکره دولت کشور گفت های که در به و از با این را آن است شد می کند ایران ترامپ امریکا مذاکره دولت کشور گفت های که در به و از با این را آن است شد می کند
و ای در به که را از این با برای آن ها است شد می کند ایران ترامپ امریکا مذاکره دولت کشور گفت های که در به و از با این را آن است شد می کند ایران ترامپ امریکا مذاکره دولت کشور گفت های که در به و از با این را آن است شد می کند
و ای در به که را از این با برای آن ها است شد می کند ایران ترامپ امریکا مذاکره دولت کشور گفت های که در به و از با این را آن است شد می کند ایران ترامپ امریکا مذاکره دولت کشور گفت های که در به و از با این را آن است شد می کند
و ای در به که را از این با برای آن ها است شد می کند ایران ترامپ امریکا مذاکره دولت کشور گفت های که در به و از با این را آن است شد می کند ایران ترامپ امریکا مذاکره دولت کشور گفت های که در به و از با این را آن است شد می کند
و ای در به که را از این با برای آن ها است شد می کند ایران ترامپ امریکا مذاکره دولت کشور گفت های که در به و از با این را آن است شد می کند ایران ترامپ امریکا مذاکره دولت کشور گفت های که در به و از با این را آن است شد می کند
و ای در به که را از این با برای آن ها است شد می کند ایران ترامپ امریکا مذاکره دولت کشور گفت های که در به و از با این را آن است شد می کند ایران ترامپ امریکا مذاکره دولت کشور گفت های که در به و از با این را آن است شد می کند
و ای در به که را از این با برای آن ها است شد می کند ایران ترامپ امریکا مذاکره دولت کشور گفت های که در به و از با این را آن است شد می کند ایران ترامپ امریکا مذاکره دولت کشور گفت های که در به و از با این را آن است شد می کند
روزنه‌ای که بسته شد
و ای در به که را از این با برای آن ها است شد می کند ایران ترامپ امریکا مذاکره دولت کشور گفت های که در به و از با این را آن است شد می کند ایران ترامپ امریکا مذاکره دولت کشور گفت های که در به و از با این را آن است شد می کند
و ای در به که را از این با برای آن ها است شد می کند ایران ترامپ امریکا مذاکره دولت کشور گفت های که در به و از با این را آن است شد می کند ایران ترامپ امریکا مذاکره دولت کشور گفت های که در به و از با این را آن است شد می کند
و ای در به که را از این با برای آن ها است شد می کند ایران ترامپ امریکا مذاکره دولت کشور گفت های که در به و از با این را آن است شد می کند ایران ترامپ امریکا مذاکره دولت کشور گفت های که در به و از با این را آن است شد می کند
و ای در به که را از این با برای آن ها است شد می کند ایران ترامپ امریکا مذاکره دولت کشور گفت های که در به و از با این را آن است شد می کند ایران ترامپ امریکا مذاکره دولت کشور گفت های که در به و از با این را آن است شد می کند
و ای در به که را از این با برای آن ها است شد می کند ایران ترامپ امریکا مذاکره دولت کشور گفت های که در به و از با این را آن است شد می کند ایران ترامپ امریکا مذاکره دولت کشور گفت های که در به و از با این را آن است شد می کند
و ای در به که را از این با برای آن ها است شد می کند ایران ترامپ امریکا مذاکره دولت کشور گفت های که در به و از با این را آن است شد می کند ایران ترامپ امریکا مذاکره دولت کشور گفت های که در به و از با این را آن است شد می کند
و ای در به که را از این با برای آن ها است شد می کند ایران ترامپ امریکا مذاکره دولت کشور گفت های که در به و از با این را آن است شد می کند ایران ترامپ امریکا مذاکره دولت کشور گفت های که در به و از با این را آن است شد می کند
و ای در به که را از این با برای آن ها است شد می کند ایران ترامپ امریکا مذاکره دولت کشور گفت های که در به و از با این را آن است شد می کند ایران ترامپ امریکا مذاکره دولت کشور گفت های که در به و از با این را آن است شد می کند
و ای در به که را از این با برای آن ها است شد می کند ایران ترامپ امریکا مذاکره دولت کشور گفت های که در به و از با این را آن است شد می کند ایران ترامپ امریکا مذاکره دولت کشور گفت های که در به و از با این را آن است شد می کند
و ای در به که را از این با برای آن ها است شد می کند ایران ترامپ امریکا مذاکره دولت کشور گفت های که در به و از با این را آن است شد می کند ایران ترامپ امریکا مذاکره دولت کشور گفت های که در به و از با این را آن است شد می کند
و ای در به که را از این با برای آن ها است شد می کند ایران ترامپ امریکا مذاکره دولت کشور گفت های که در به و از با این را آن است شد می کند ایران ترامپ امریکا مذاکره دولت کشور گفت های که در به و از با این را آن است شد می کند
و ای در به که را از این با برای آن ها است شد می کند ایران ترامپ امریکا مذاکره دولت کشور گفت های که در به و از با این را آن است شد می کند ایران ترامپ امریکا مذاکره دولت کشور گفت های که در به و از با این را آن است شد می کند
و ای در به که را از این با برای آن ها است شد می کند ایران ترامپ امریکا مذاکره دولت کشور گفت های که در به و از با این را آن است شد می کند ایران ترامپ امریکا مذاکره دولت کشور گفت های که در به و از با این را آن است شد می کند
و ای در به که را از این با برای آن ها است شد می کند ایران ترامپ امریکا مذاکره دولت کشور گفت های که در به و از با این را آن است شد می کند ایران ترامپ امریکا مذاکره دولت کشور گفت های که در به و از با این را آن است شد می کند
و ای در به که را از این با برای آن ها است شد می کند ایران ترامپ امریکا مذاکره دولت کشور گفت های که در به و از با این را آن است شد می کند ایران ترامپ امریکا مذاکره دولت کشور گفت های که در به و از با این را آن است شد می کند
و ای در به که را از این با برای آن ها است شد می کند ایران ترامپ امریکا مذاکره دولت کشور گفت های که در به و از با این را آن است شد می کند ایران ترامپ امریکا مذاکره دولت کشور گفت های که در به و از با این را آن است شد می کند
و ای در به که را از این با برای آن ها است شد می کند ایران ترامپ امریکا مذاکره دولت کشور گفت های که در به و از با این را آن است شد می کند ایران ترامپ امریکا مذاکره دولت کشور گفت های که در به و از با این را آن است شد می کند
و ای در به که را از این با برای آن ها است شد می کند ایران ترامپ امریکا مذاکره دولت کشور گفت های که در به و از با این را آن است شد می کند ایران ترامپ امریکا مذاکره دولت کشور گفت های که در به و از با این را آن است شد می کند
و ای در به که را از این با برای آن ها است شد می کند ایران ترامپ امریکا مذاکره دولت کشور گفت های که در به و از با این را آن است شد می کند ایران ترامپ امریکا مذاکره دولت کشور گفت های که در به و از با این را آن است شد می کند
و ای در به که را از این با برای آن ها است شد می کند ایران ترامپ امریکا مذاکره دولت کشور گفت های که در به و از با این را آن است شد می کند ایران ترامپ امریکا مذاکره دولت کشور گفت های که در به و از با این را آن است شد می کند
و ای در به که را از این با برای آن ها است شد می کند ایران ترامپ امریکا مذاکره دولت کشور گفت های که در به و از با این را آن است شد می کند ایران ترامپ امریکا مذاکره دولت کشور گفت های که در به و از با این را آن است شد می کند
و ای در به که را از این با برای آن ها است شد می کند ایران ترامپ امریکا مذاکره دولت کشور گفت های که در به و از با این را آن است شد می کند ایران ترامپ امریکا مذاکره دولت کشور گفت های که در به و از با این را آن است شد می کند
و ای در به که را از این با برای آن ها است شد می کند ایران ترامپ امریکا مذاکره دولت کشور گفت های که در به و از با این را آن است شد می کند ایران ترامپ امریکا مذاکره دولت کشور گفت های که در به و از با این را آن است شد می کند
و ای در به که را از این با برای آن ها است شد می کند ایران ترامپ امریکا مذاکره دولت کشور گفت های که در به و از با این را آن است شد می کند ایران ترامپ امریکا مذاکره دولت کشور گفت های که در به و از با این را آن است شد می کند
و ای در به که را از این با برای آن ها است شد می کند ایران ترامپ امریکا مذاکره دولت کشور گفت های که در به و از با این را آن است شد می کند ایران ترامپ امریکا مذاکره دولت کشور گفت های که در به و از با این را آن است شد می کند
و ای در به که را از این با برای آن ها است شد می کند ایران ترامپ امریکا مذاکره دولت کشور گفت های که در به و از با این را آن است شد می کند ایران ترامپ امریکا مذاکره دولت کشور گفت های که در به و از با این را آن است شد می کند
و ای در به که را از این با برای آن ها است شد می کند ایران ترامپ امریکا مذاکره دولت کشور گفت های که در به و از با این را آن است شد می کند ایران ترامپ امریکا مذاکره دولت کشور گفت های که در به و از با این را آن است شد می کند
و ای در به که را از این با برای آن ها است شد می کند ایران ترامپ امریکا مذاکره دولت کشور گفت های که در به و از با این را آن است شد می کند ایران ترامپ امریکا مذاکره دولت کشور گفت های که در به و از با این را آن است شد می کند
و ای در به که را از این با برای آن ها است شد می کند ایران ترامپ امریکا مذاکره دولت کشور گفت های که در به و از با این را آن است شد می کند ایران ترامپ امریکا مذاکره دولت کشور گفت های که در به و از با این را آن است شد می کند
و ای در به که را از این با برای آن ها است شد می کند ایران ترامپ امریکا مذاکره دولت کشور گفت های که در به و از با این را آن است شد می کند ایران ترامپ امریکا مذاکره دولت کشور گفت های که در به و از با این را آن است شد می کند
و ای در به که را از این با برای آن ها است شد می کند ایران ترامپ امریکا مذاکره دولت کشور گفت های که در به و از با این را آن است شد می کند ایران ترامپ امریکا مذاکره دولت کشور گفت های که در به و از با این را آن است شد می کند
و ای در به که را از این با برای آن ها است شد می کند ایران ترامپ امریکا مذاکره دولت کشور گفت های که در به و از با این را آن است شد می کند ایران ترامپ امریکا مذاکره دولت کشور گفت های که در به و از با این را آن است شد می کند
و ای در به که را از این با برای آن ها است شد می کند ایران ترامپ امریکا مذاکره دولت کشور گفت های که در به و از با این را آن است شد می کند ایران ترامپ امریکا مذاکره دولت کشور گفت های که در به و از با این را آن است شد می کند
و ای در به که را از این با برای آن ها است شد می کند ایران ترامپ امریکا مذاکره دولت کشور گفت های که در به و از با این را آن است شد می کند ایران ترامپ امریکا مذاکره دولت کشور گفت های که در به و از با این را آن است شد می کند
و ای در به که را از این با برای آن ها است شد می کند ایران ترامپ امریکا مذاکره دولت کشور گفت های که در به و از با این را آن است شد می کند ایران ترامپ امریکا مذاکره دولت کشور گفت های که در به و از با این را آن است شد می کند
و ای در به که را از این با برای آن ها است شد می کند ایران ترامپ امریکا مذاکره دولت کشور گفت های که در به و از با این را آن است شد می کند ایران ترامپ امریکا مذاکره دولت کشور گفت های که در به و از با این را آن است شد می کند
و ای در به که را از این با برای آن ها است شد می کند ایران ترامپ امریکا مذاکره دولت کشور گفت های که در به و از با این را آن است شد می کند ایران ترامپ امریکا مذاکره دولت کشور گفت های که در به و از با این را آن است شد می کند
و ای در به که را از این با برای آن ها است شد می کند ایران ترامپ امریکا مذاکره دولت کشور گفت های که در به و از با این را آن است شد می کند ایران ترامپ امریکا مذاکره دولت کشور گفت های که در به و از با این را آن است شد می کند
و ای در به که را از این با برای آن ها است شد می کند ایران ترامپ امریکا مذاکره دولت کشور گفت های که در به و از با این را آن است شد می کند ایران ترامپ امریکا مذاکره دولت کشور گفت های که در به و از با این را آن است شد می کند
و ای در به که را از این با برای آن ها است شد می کند ایران ترامپ امریکا مذاکره دولت کشور گفت های که در به و از با این را آن است شد می کند ایران ترامپ امریکا مذاکره دولت کشور گفت های که در به و از با این را آن است شد می کند
و ای در به که را از این با برای آن ها است شد می کند ایران ترامپ امریکا مذاکره دولت کشور گفت های که در به و از با این را آن است شد می کند ایران ترامپ امریکا مذاکره دولت کشور گفت های که در به و از با این را آن است شد می کند
و ای در به که را از این با برای آن ها است شد می کند ایران ترامپ امریکا مذاکره دولت کشور گفت های که در به و از با این را آن است شد می کند ایران ترامپ امریکا مذاکره دولت کشور گفت های که در به و از با این را آن است شد می کند
و ای در به که را از این با برای آن ها است شد می کند ایران ترامپ امریکا مذاکره دولت کشور گفت های که در به و از با این را آن است شد می کند ایران ترامپ امریکا مذاکره دولت کشور گفت های که در به و از با این را آن است شد می کند
و ای در به که را از این با برای آن ها است شد می کند ایران ترامپ امریکا مذاکره دولت کشور گفت های که در به و از با این را آن است شد می کند ایران ترامپ امریکا مذاکره دولت کشور گفت های که در به و از با این را آن است شد می کند
و ای در به که را از این با برای آن ها است شد می کند ایران ترامپ امریکا مذاکره دولت کشور گفت های که در به و از با این را آن است شد می کند ایران ترامپ امریکا مذاکره دولت کشور گفت های که در به و از با این را آن است شد می کند
و ای در به که را از این با برای آن ها است شد می کند ایران ترامپ امریکا مذاکره دولت کشور گفت های که در به و از با این را آن است شد می کند ایران ترامپ امریکا مذاکره دولت کشور گفت های که در به و از با این را آن است شد می کند
و ای در به که را از این با برای آن ها است شد می کند ایران ترامپ امریکا مذاکره دولت کشور گفت های که در به و از با این را آن است شد می کند ایران ترامپ امریکا مذاکره دولت کشور گفت های که در به و از با این را آن است شد می کند
و ای در به که را از این با برای آن ها است شد می کند ایران ترامپ امریکا مذاکره دولت کشور گفت های که در به و از با این را آن است شد می کند ایران ترامپ امریکا مذاکره دولت کشور گفت های که در به و از با این را آن است شد می کند
و ای در به که را از این با برای آن ها است شد می کند ایران ترامپ امریکا مذاکره دولت کشور گفت های که در به و از با این را آن است شد می کند ایران ترامپ امریکا مذاکره دولت کشور گفت های که در به و از با این را آن است شد می کند
و ای در به که را از این با برای آن ها است شد می کند ایران ترامپ امریکا مذاکره دولت کشور گفت های که در به و از با این را آن است شد می کند ایران ترامپ امریکا مذاکره دولت کشور گفت های که در به و از با این را آن است شد می کند
و ای در به که را از این با برای آن ها است شد می کند ایران ترامپ امریکا مذاکره دولت کشور گفت های که در به و از با این را آن است شد می کند ایران ترامپ امریکا مذاکره دولت کشور گفت های که در به و از با این را آن است شد می کند
و ای در به که را از این با برای آن ها است شد می کند ایران ترامپ امریکا مذاکره دولت کشور گفت های که در به و از با این را آن است شد می کند ایران ترامپ امریکا مذاکره دولت کشور گفت های که در به و از با این را آن است شد می کند
و ای در به که را از این با برای آن ها است شد می کند ایران ترامپ امریکا مذاکره دولت کشور گفت های که در به و از با این را آن است شد می کند ایران ترامپ امریکا مذاکره دولت کشور گفت های که در به و از با این را آن است شد می کند
و ای در به که را از این با برای آن ها است شد می کند ایران ترامپ امریکا مذاکره دولت کشور گفت های که در به و از با این را آن است شد می کند ایران ترامپ امریکا مذاکره دولت کشور گفت های که در به و از با این را آن است شد می کند
و ای در به که را از این با برای آن ها است شد می کند ایران ترامپ امریکا مذاکره دولت کشور گفت های که در به و از با این را آن است شد می کند ایران ترامپ امریکا مذاکره دولت کشور گفت های که در به و از با این را آن است شد می کند
و ای در به که را از این با برای آن ها است شد می کند ایران ترامپ امریکا مذاکره دولت کشور گفت های که در به و از با این را آن است شد می کند ایران ترامپ امریکا مذاکره دولت کشور گفت های که در به و از با این را آن است شد می کند
و ای در به که را از این با برای آن ها است شد می کند ایران ترامپ امریکا مذاکره دولت کشور گفت های که در به و از با این را آن است شد می کند ایران ترامپ امریکا مذاکره دولت کشور گفت های که در به و از با این را آن است شد می کند
و ای در به که را از این با برای آن ها است شد می کند ایران ترامپ امریکا مذاکره دولت کشور گفت های که در به و از با این را آن است شد می کند ایران ترامپ امریکا مذاکره دولت کشور گفت های که در به و از با این را آن است شد می کند
و ای در به که را از این با برای آن ها است شد می کند ایران ترامپ امریکا مذاکره دولت کشور گفت های که در به و از با این را آن است شد می کند ایران ترامپ امریکا مذاکره دولت کشور گفت های که در به و از با این را آن است شد می کند
و ای در به که را از این با برای آن ها است شد می کند ایران ترامپ امریکا مذاکره دولت کشور گفت های که در به و از با این را آن است شد می کند ایران ترامپ امریکا مذاکره دولت کشور گفت های که در به و از با این را آن است شد می کند
و ای در به که را از این با برای آن ها است شد می کند ایران ترامپ امریکا مذاکره دولت کشور گفت های که در به و از با این را آن است شد می کند ایران ترامپ امریکا مذاکره دولت کشور گفت های که در به و از با این را آن است شد می کند
و ای در به که را از این با برای آن ها است شد می کند ایران ترامپ امریکا مذاکره دولت کشور گفت های که در به و از با این را آن است شد می کند ایران ترامپ امریکا مذاکره دولت کشور گفت های که در به و از با این را آن است شد می کند
و ای در به که را از این با برای آن ها است شد می کند ایران ترامپ امریکا مذاکره دولت کشور گفت های که در به و از با این را آن است شد می کند ایران ترامپ امریکا مذاکره دولت کشور گفت های که در به و از با این را آن است شد می کند
و ای در به که را از این با برای آن ها است شد می کند ایران ترامپ امریکا مذاکره دولت کشور گفت های که در به و از با این را آن است شد می کند ایران ترامپ امریکا مذاکره دولت کشور گفت های که در به و از با این را آن است شد می کند
و ای در به که را از این با برای آن ها است شد می کند ایران ترامپ امریکا مذاکره دولت کشور گفت های که در به و از با این را آن است شد می کند ایران ترامپ امریکا مذاکره دولت کشور گفت های که در به و از با این را آن است شد می کند
و ای در به که را از این با برای آن ها است شد می کند ایران ترامپ امریکا مذاکره دولت کشور گفت های که در به و از با این را آن است شد می کند ایران ترامپ امریکا مذاکره دولت کشور گفت های که در به و از با این را آن است شد می کند
و ای در به که را از این با برای آن ها است شد می کند ایران ترامپ امریکا مذاکره دولت کشور گفت های که در به و از با این را آن است شد می کند ایران ترامپ امریکا مذاکره دولت کشور گفت های که در به و از با این را آن است شد می کند
آگهی مناقصه عمومی
اداره ثبت اسناد و املاک مفقودی سند مالکیت شماره ثبت بخش اصلی فرعی پلاک مالک آقای خانم به نشانی تاریخ صدور شماره چاپی سری
اداره ثبت اسناد و املاک مفقودی سند مالکیت شماره ثبت بخش اصلی فرعی پلاک مالک آقای خانم به نشانی تاریخ صدور شماره چاپی سری
اداره ثبت اسناد و املاک مفقودی سند مالکیت شماره ثبت بخش اصلی فرعی پلاک مالک آقای خانم به نشانی تاریخ صدور شماره چاپی سری
اداره ثبت اسناد و املاک مفقودی سند مالکیت شماره ثبت بخش اصلی فرعی پلاک مالک آقای خانم به نشانی تاریخ صدور شماره چاپی سری
اداره ثبت اسناد و املاک مفقودی سند مالکیت شماره ثبت بخش اصلی فرعی پلاک مالک آقای خانم به نشانی تاریخ صدور شماره چاپی سری
اداره ثبت اسناد و املاک مفقودی سند مالکیت شماره ثبت بخش اصلی فرعی پلاک مالک آقای خانم به نشانی تاریخ صدور شماره چاپی سری
اداره ثبت اسناد و املاک مفقودی سند مالکیت شماره ثبت بخش اصلی فرعی پلاک مالک آقای خانم به نشانی تاریخ صدور شماره چاپی سری
اداره ثبت اسناد و املاک مفقودی سند مالکیت شماره ثبت بخش اصلی فرعی پلاک مالک آقای خانم به نشانی تاریخ صدور شماره چاپی سری
اداره ثبت اسناد و املاک مفقودی سند مالکیت شماره ثبت بخش اصلی فرعی پلاک مالک آقای خانم به نشانی تاریخ صدور شماره چاپی سری
اداره ثبت اسناد و املاک مفقودی سند مالکیت شماره ثبت بخش اصلی فرعی پلاک مالک آقای خانم به نشانی تاریخ صدور شماره چاپی سری
اداره ثبت اسناد و املاک مفقودی سند مالکیت شماره ثبت بخش اصلی فرعی پلاک مالک آقای خانم به نشانی تاریخ صدور شماره چاپی سری
اداره ثبت اسناد و املاک مفقودی سند مالکیت شماره ثبت بخش اصلی فرعی پلاک مالک آقای خانم به نشانی تاریخ صدور شماره چاپی سری
اداره ثبت اسناد و املاک مفقودی سند مالکیت شماره ثبت بخش اصلی فرعی پلاک مالک آقای خانم به نشانی تاریخ صدور شماره چاپی سری
اداره ثبت اسناد و املاک مفقودی سند مالکیت شماره ثبت بخش اصلی فرعی پلاک مالک آقای خانم به نشانی تاریخ صدور شماره چاپی سری
اداره ثبت اسناد و املاک مفقودی سند مالکیت شماره ثبت بخش اصلی فرعی پلاک مالک آقای خانم به نشانی تاریخ صدور شماره چاپی سری
اداره ثبت اسناد و املاک مفقودی سند مالکیت شماره ثبت بخش اصلی فرعی پلاک مالک آقای خانم به نشانی تاریخ صدور شماره چاپی سری
اداره ثبت اسناد و املاک مفقودی سند مالکیت شماره ثبت بخش اصلی فرعی پلاک مالک آقای خانم به نشانی تاریخ صدور شماره چاپی سری
اداره ثبت اسناد و املاک مفقودی سند مالکیت شماره ثبت بخش اصلی فرعی پلاک مالک آقای خانم به نشانی تاریخ صدور شماره چاپی سری
اداره ثبت اسناد و املاک مفقودی سند مالکیت شماره ثبت بخش اصلی فرعی پلاک مالک آقای خانم به نشانی تاریخ صدور شماره چاپی سری
شرکت آب و فاضلاب
اداره ثبت اسناد و املاک مفقودی سند مالکیت شماره ثبت بخش اصلی فرعی پلاک مالک آقای خانم به نشانی تاریخ صدور شماره چاپی سری
اداره ثبت اسناد و املاک مفقودی سند مالکیت شماره ثبت بخش اصلی فرعی پلاک مالک آقای خانم به نشانی تاریخ صدور شماره چاپی سری
اداره ثبت اسناد و املاک مفقودی سند مالکیت شماره ثبت بخش اصلی فرعی پلاک مالک آقای خانم به نشانی تاریخ صدور شماره چاپی سری
اداره ثبت اسناد و املاک مفقودی سند مالکیت شماره ثبت بخش اصلی فرعی پلاک مالک آقای خانم به نشانی تاریخ صدور شماره چاپی سری
اداره ثبت اسناد و املاک مفقودی سند مالکیت شماره ثبت بخش اصلی فرعی پلاک مالک آقای خانم به نشانی تاریخ صدور شماره چاپی سری
اداره ثبت اسناد و املاک مفقودی سند مالکیت شماره ثبت بخش اصلی فرعی پلاک مالک آقای خانم به نشانی تاریخ صدور شماره چاپی سری
اداره ثبت اسناد و املاک مفقودی سند مالکیت شماره ثبت بخش اصلی فرعی پلاک مالک آقای خانم به نشانی تاریخ صدور شماره چاپی سری
اداره ثبت اسناد و املاک مفقودی سند مالکیت شماره ثبت بخش اصلی فرعی پلاک مالک آقای خانم به نشانی تاریخ صدور شماره چاپی سری
اداره ثبت اسناد و املاک مفقودی سند مالکیت شماره ثبت بخش اصلی فرعی پلاک مالک آقای خانم به نشانی تاریخ صدور شماره چاپی سری
اداره ثبت اسناد و املاک مفقودی سند مالکیت شماره ثبت بخش اصلی فرعی پلاک مالک آقای خانم به نشانی تاریخ صدور شماره چاپی سری
اداره ثبت اسناد و املاک مفقودی سند مالکیت شماره ثبت بخش اصلی فرعی پلاک مالک آقای خانم به نشانی تاریخ صدور شماره چاپی سری
اداره ثبت اسناد و املاک مفقودی سند مالکیت شماره ثبت بخش اصلی فرعی پلاک مالک آقای خانم به نشانی تاریخ صدور شماره چاپی سری
اداره ثبت اسناد و املاک مفقودی سند مالکیت شماره ثبت بخش اصلی فرعی پلاک مالک آقای خانم به نشانی تاریخ صدور شماره چاپی سری
اداره ثبت اسناد و املاک مفقودی سند مالکیت شماره ثبت بخش اصلی فرعی پلاک مالک آقای خانم به نشانی تاریخ صدور شماره چاپی سری
اداره ثبت اسناد و املاک مفقودی سند مالکیت شماره ثبت بخش اصلی فرعی پلاک مالک آقای خانم به نشانی تاریخ صدور شماره چاپی سری
اداره ثبت اسناد و املاک مفقودی سند مالکیت شماره ثبت بخش اصلی فرعی پلاک مالک آقای خانم به نشانی تاریخ صدور شماره چاپی سری
اداره ثبت اسناد و املاک مفقودی سند مالکیت شماره ثبت بخش اصلی فرعی پلاک مالک آقای خانم به نشانی تاریخ صدور شماره چاپی سری
اداره ثبت اسناد و املاک مفقودی سند مالکیت شماره ثبت بخش اصلی فرعی پلاک مالک آقای خانم به نشانی تاریخ صدور شماره چاپی سری
اداره ثبت اسناد و املاک مفقودی سند مالکیت شماره ثبت بخش اصلی فرعی پلاک مالک آقای خانم به نشانی تاریخ صدور شماره چاپی سری
اداره ثبت اسناد و املاک مفقودی سند مالکیت شماره ثبت بخش اصلی فرعی پلاک مالک آقای خانم به نشانی تاریخ صدور شماره چاپی سری
اداره ثبت اسناد و املاک مفقودی سند مالکیت شماره ثبت بخش اصلی فرعی پلاک مالک آقای خانم به نشانی تاریخ صدور شماره چاپی سری
اداره ثبت اسناد و املاک مفقودی سند مالکیت شماره ثبت بخش اصلی فرعی پلاک مالک آقای خانم به نشانی تاریخ صدور شماره چاپی سری
اداره ثبت اسناد و املاک مفقودی سند مالکیت شماره ثبت بخش اصلی فرعی پلاک مالک آقای خانم به نشانی تاریخ صدور شماره چاپی سری
اداره ثبت اسناد و املاک مفقودی سند مالکیت شماره ثبت بخش اصلی فرعی پلاک مالک آقای خانم به نشانی تاریخ صدور شماره چاپی سری
اداره ثبت اسناد و املاک مفقودی سند مالکیت شماره ثبت بخش اصلی فرعی پلاک مالک آقای خانم به نشانی تاریخ صدور شماره چاپی سری
اداره ثبت اسناد و املاک مفقودی سند مالکیت شماره ثبت بخش اصلی فرعی پلاک مالک آقای خانم به نشانی تاریخ صدور شماره چاپی سری
بانک مسکن
آگهی فقدان سند مالکیت
اداره ثبت اسناد و املاک مفقودی سند مالکیت شماره ثبت بخش اصلی فرعی پلاک مالک آقای خانم به نشانی تاریخ صدور شماره چاپی سری
اداره ثبت اسناد و املاک مفقودی سند مالکیت شماره ثبت بخش اصلی فرعی پلاک مالک آقای خانم به نشانی تاریخ صدور شماره چاپی سری
اداره ثبت اسناد و املاک مفقودی سند مالکیت شماره ثبت بخش اصلی فرعی پلاک مالک آقای خانم به نشانی تاریخ صدور شماره چاپی سری
اداره ثبت اسناد و املاک مفقودی سند مالکیت شماره ثبت بخش اصلی فرعی پلاک مالک آقای خانم به نشانی تاریخ صدور شماره چاپی سری
اداره ثبت اسناد و املاک مفقودی سند مالکیت شماره ثبت بخش اصلی فرعی پلاک مالک آقای خانم به نشانی تاریخ صدور شماره چاپی سری
اداره ثبت اسناد و املاک مفقودی سند مالکیت شماره ثبت بخش اصلی فرعی پلاک مالک آقای خانم به نشانی تاریخ صدور شماره چاپی سری
اداره ثبت اسناد و املاک مفقودی سند مالکیت شماره ثبت بخش اصلی فرعی پلاک مالک آقای خانم به نشانی تاریخ صدور شماره چاپی سری
اداره ثبت اسناد و املاک مفقودی سند مالکیت شماره ثبت بخش اصلی فرعی پلاک مالک آقای خانم به نشانی تاریخ صدور شماره چاپی سری
اداره ثبت اسناد و املاک مفقودی سند مالکیت شماره ثبت بخش اصلی فرعی پلاک مالک آقای خانم به نشانی تاریخ صدور شماره چاپی سری
اداره ثبت اسناد و املاک مفقودی سند مالکیت شماره ثبت بخش اصلی فرعی پلاک مالک آقای خانم به نشانی تاریخ صدور شماره چاپی سری
اداره ثبت اسناد و املاک مفقودی سند مالکیت شماره ثبت بخش اصلی فرعی پلاک مالک آقای خانم به نشانی تاریخ صدور شماره چاپی سری
اداره ثبت اسناد و املاک مفقودی سند مالکیت شماره ثبت بخش اصلی فرعی پلاک مالک آقای خانم به نشانی تاریخ صدور شماره چاپی سری
اداره ثبت اسناد و املاک مفقودی سند مالکیت شماره ثبت بخش اصلی فرعی پلاک مالک آقای خانم به نشانی تاریخ صدور شماره چاپی سری
اداره ثبت اسناد و املاک مفقودی سند مالکیت شماره ثبت بخش اصلی فرعی پلاک مالک آقای خانم به نشانی تاریخ صدور شماره چاپی سری
اداره ثبت اسناد و املاک مفقودی سند مالکیت شماره ثبت بخش اصلی فرعی پلاک مالک آقای خانم به نشانی تاریخ صدور شماره چاپی سری
اداره ثبت اسناد و املاک مفقودی سند مالکیت شماره ثبت بخش اصلی فرعی پلاک مالک آقای خانم به نشانی تاریخ صدور شماره چاپی سری
اداره ثبت اسناد و املاک مفقودی سند مالکیت شماره ثبت بخش اصلی فرعی پلاک مالک آقای خانم به نشانی تاریخ صدور شماره چاپی سری
اداره ثبت اسناد و املاک مفقودی سند مالکیت شماره ثبت بخش اصلی فرعی پلاک مالک آقای خانم به نشانی تاریخ صدور شماره چاپی سری
اداره ثبت اسناد و املاک مفقودی سند مالکیت شماره ثبت بخش اصلی فرعی پلاک مالک آقای خانم به نشانی تاریخ صدور شماره چاپی سری
اداره ثبت اسناد و املاک مفقودی سند مالکیت شماره ثبت بخش اصلی فرعی پلاک مالک آقای خانم به نشانی تاریخ صدور شماره چاپی سری
اداره ثبت اسناد و املاک مفقودی سند مالکیت شماره ثبت بخش اصلی فرعی پلاک مالک آقای خانم به نشانی تاریخ صدور شماره چاپی سری
اداره ثبت اسناد و املاک مفقودی سند مالکیت شماره ثبت بخش اصلی فرعی پلاک مالک آقای خانم به نشانی تاریخ صدور شماره چاپی سری
اداره ثبت اسناد و املاک مفقودی سند مالکیت شماره ثبت بخش اصلی فرعی پلاک مالک آقای خانم به نشانی تاریخ صدور شماره چاپی سری
اداره ثبت اسناد و املاک مفقودی سند مالکیت شماره ثبت بخش اصلی فرعی پلاک مالک آقای خانم به نشانی تاریخ صدور شماره چاپی سری
تاریخ انتشار: ۱۴۰۲/۱۲/۲۶
